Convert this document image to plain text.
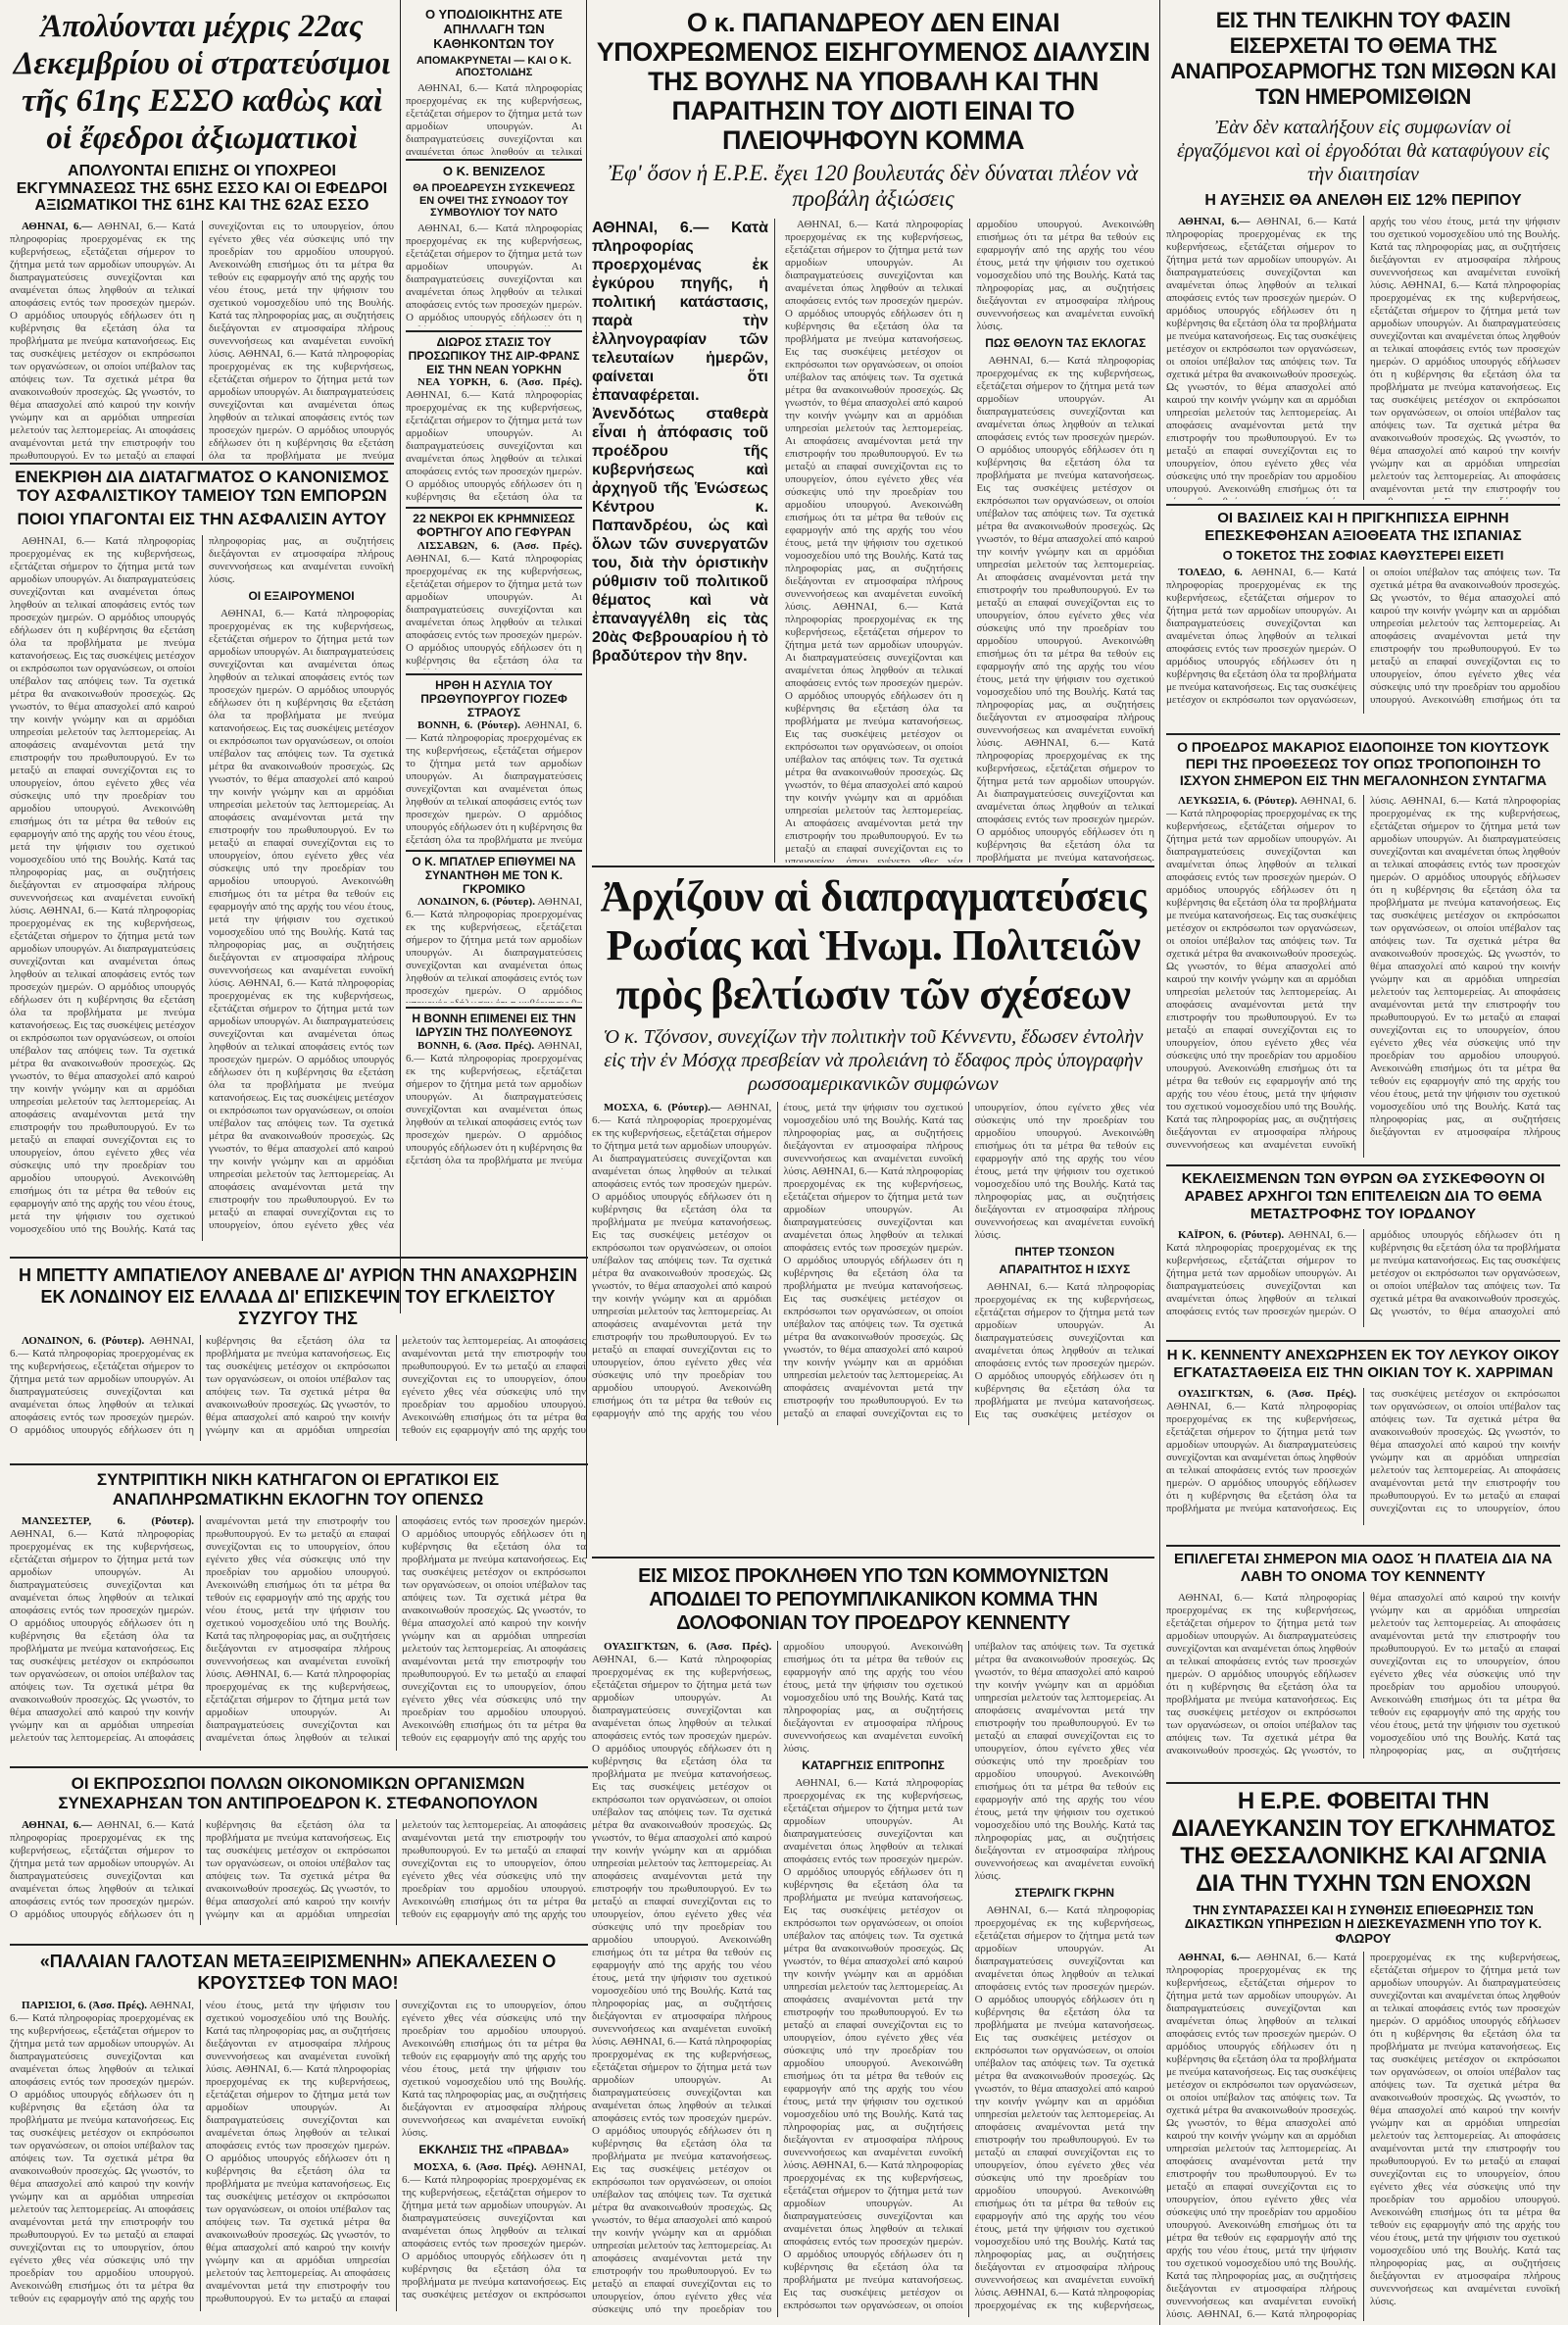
Ἀπολύονται μέχρις 22ας Δεκεμβρίου οἱ στρατεύσιμοι τῆς 61ης ΕΣΣΟ καθὼς καὶ οἱ ἔφεδροι ἀξιωματικοὶ
ΑΠΟΛΥΟΝΤΑΙ ΕΠΙΣΗΣ ΟΙ ΥΠΟΧΡΕΟΙ ΕΚΓΥΜΝΑΣΕΩΣ ΤΗΣ 65ΗΣ ΕΣΣΟ ΚΑΙ ΟΙ ΕΦΕΔΡΟΙ ΑΞΙΩΜΑΤΙΚΟΙ ΤΗΣ 61ΗΣ ΚΑΙ ΤΗΣ 62ΑΣ ΕΣΣΟ

ΑΘΗΝΑΙ, 6.— ΑΘΗΝΑΙ, 6.— Κατά πληροφορίας προερχομένας εκ της κυβερνήσεως, εξετάζεται σήμερον το ζήτημα μετά των αρμοδίων υπουργών. Αι διαπραγματεύσεις συνεχίζονται και αναμένεται όπως ληφθούν αι τελικαί αποφάσεις εντός των προσεχών ημερών. Ο αρμόδιος υπουργός εδήλωσεν ότι η κυβέρνησις θα εξετάση όλα τα προβλήματα με πνεύμα κατανοήσεως. Εις τας συσκέψεις μετέσχον οι εκπρόσωποι των οργανώσεων, οι οποίοι υπέβαλον τας απόψεις των. Τα σχετικά μέτρα θα ανακοινωθούν προσεχώς. Ως γνωστόν, το θέμα απασχολεί από καιρού την κοινήν γνώμην και αι αρμόδιαι υπηρεσίαι μελετούν τας λεπτομερείας. Αι αποφάσεις αναμένονται μετά την επιστροφήν του πρωθυπουργού. Εν τω μεταξύ αι επαφαί συνεχίζονται εις το υπουργείον, όπου εγένετο χθες νέα σύσκεψις υπό την προεδρίαν του αρμοδίου υπουργού. Ανεκοινώθη επισήμως ότι τα μέτρα θα τεθούν εις εφαρμογήν από της αρχής του νέου έτους, μετά την ψήφισιν του σχετικού νομοσχεδίου υπό της Βουλής. Κατά τας πληροφορίας μας, αι συζητήσεις διεξάγονται εν ατμοσφαίρα πλήρους συνεννοήσεως και αναμένεται ευνοϊκή λύσις. ΑΘΗΝΑΙ, 6.— Κατά πληροφορίας προερχομένας εκ της κυβερνήσεως, εξετάζεται σήμερον το ζήτημα μετά των αρμοδίων υπουργών. Αι διαπραγματεύσεις συνεχίζονται και αναμένεται όπως ληφθούν αι τελικαί αποφάσεις εντός των προσεχών ημερών. Ο αρμόδιος υπουργός εδήλωσεν ότι η κυβέρνησις θα εξετάση όλα τα προβλήματα με πνεύμα κατανοήσεως. Εις τας συσκέψεις μετέσχον οι εκπρόσωποι των οργανώσεων, οι οποίοι υπέβαλον τας απόψεις των. Τα σχετικά μέτρα θα ανακοινωθούν προσεχώς. Ως γνωστόν, το θέμα απασχολεί από καιρού την κοινήν γνώμην και αι αρμόδιαι υπηρεσίαι μελετούν τας λεπτομερείας. Αι αποφάσεις αναμένονται μετά την επιστροφήν του πρωθυπουργού. Εν τω μεταξύ αι επαφαί συνεχίζονται εις το υπουργείον, όπου εγένετο χθες νέα σύσκεψις υπό την προεδρίαν του αρμοδίου υπουργού. Ανεκοινώθη επισήμως ότι τα μέτρα θα τεθούν εις εφαρμογήν από της αρχής του νέου έτους, μετά την ψήφισιν του σχετικού νομοσχεδίου υπό της Βουλής. Κατά τας πληροφορίας μας, αι συζητήσεις διεξάγονται εν ατμοσφαίρα πλήρους συνεννοήσεως και αναμένεται ευνοϊκή λύσις.

ΕΝΕΚΡΙΘΗ ΔΙΑ ΔΙΑΤΑΓΜΑΤΟΣ Ο ΚΑΝΟΝΙΣΜΟΣ ΤΟΥ ΑΣΦΑΛΙΣΤΙΚΟΥ ΤΑΜΕΙΟΥ ΤΩΝ ΕΜΠΟΡΩΝ
ΠΟΙΟΙ ΥΠΑΓΟΝΤΑΙ ΕΙΣ ΤΗΝ ΑΣΦΑΛΙΣΙΝ ΑΥΤΟΥ

ΑΘΗΝΑΙ, 6.— Κατά πληροφορίας προερχομένας εκ της κυβερνήσεως, εξετάζεται σήμερον το ζήτημα μετά των αρμοδίων υπουργών. Αι διαπραγματεύσεις συνεχίζονται και αναμένεται όπως ληφθούν αι τελικαί αποφάσεις εντός των προσεχών ημερών. Ο αρμόδιος υπουργός εδήλωσεν ότι η κυβέρνησις θα εξετάση όλα τα προβλήματα με πνεύμα κατανοήσεως. Εις τας συσκέψεις μετέσχον οι εκπρόσωποι των οργανώσεων, οι οποίοι υπέβαλον τας απόψεις των. Τα σχετικά μέτρα θα ανακοινωθούν προσεχώς. Ως γνωστόν, το θέμα απασχολεί από καιρού την κοινήν γνώμην και αι αρμόδιαι υπηρεσίαι μελετούν τας λεπτομερείας. Αι αποφάσεις αναμένονται μετά την επιστροφήν του πρωθυπουργού. Εν τω μεταξύ αι επαφαί συνεχίζονται εις το υπουργείον, όπου εγένετο χθες νέα σύσκεψις υπό την προεδρίαν του αρμοδίου υπουργού. Ανεκοινώθη επισήμως ότι τα μέτρα θα τεθούν εις εφαρμογήν από της αρχής του νέου έτους, μετά την ψήφισιν του σχετικού νομοσχεδίου υπό της Βουλής. Κατά τας πληροφορίας μας, αι συζητήσεις διεξάγονται εν ατμοσφαίρα πλήρους συνεννοήσεως και αναμένεται ευνοϊκή λύσις. ΑΘΗΝΑΙ, 6.— Κατά πληροφορίας προερχομένας εκ της κυβερνήσεως, εξετάζεται σήμερον το ζήτημα μετά των αρμοδίων υπουργών. Αι διαπραγματεύσεις συνεχίζονται και αναμένεται όπως ληφθούν αι τελικαί αποφάσεις εντός των προσεχών ημερών. Ο αρμόδιος υπουργός εδήλωσεν ότι η κυβέρνησις θα εξετάση όλα τα προβλήματα με πνεύμα κατανοήσεως. Εις τας συσκέψεις μετέσχον οι εκπρόσωποι των οργανώσεων, οι οποίοι υπέβαλον τας απόψεις των. Τα σχετικά μέτρα θα ανακοινωθούν προσεχώς. Ως γνωστόν, το θέμα απασχολεί από καιρού την κοινήν γνώμην και αι αρμόδιαι υπηρεσίαι μελετούν τας λεπτομερείας. Αι αποφάσεις αναμένονται μετά την επιστροφήν του πρωθυπουργού. Εν τω μεταξύ αι επαφαί συνεχίζονται εις το υπουργείον, όπου εγένετο χθες νέα σύσκεψις υπό την προεδρίαν του αρμοδίου υπουργού. Ανεκοινώθη επισήμως ότι τα μέτρα θα τεθούν εις εφαρμογήν από της αρχής του νέου έτους, μετά την ψήφισιν του σχετικού νομοσχεδίου υπό της Βουλής. Κατά τας πληροφορίας μας, αι συζητήσεις διεξάγονται εν ατμοσφαίρα πλήρους συνεννοήσεως και αναμένεται ευνοϊκή λύσις.

ΟΙ ΕΞΑΙΡΟΥΜΕΝΟΙ

ΑΘΗΝΑΙ, 6.— Κατά πληροφορίας προερχομένας εκ της κυβερνήσεως, εξετάζεται σήμερον το ζήτημα μετά των αρμοδίων υπουργών. Αι διαπραγματεύσεις συνεχίζονται και αναμένεται όπως ληφθούν αι τελικαί αποφάσεις εντός των προσεχών ημερών. Ο αρμόδιος υπουργός εδήλωσεν ότι η κυβέρνησις θα εξετάση όλα τα προβλήματα με πνεύμα κατανοήσεως. Εις τας συσκέψεις μετέσχον οι εκπρόσωποι των οργανώσεων, οι οποίοι υπέβαλον τας απόψεις των. Τα σχετικά μέτρα θα ανακοινωθούν προσεχώς. Ως γνωστόν, το θέμα απασχολεί από καιρού την κοινήν γνώμην και αι αρμόδιαι υπηρεσίαι μελετούν τας λεπτομερείας. Αι αποφάσεις αναμένονται μετά την επιστροφήν του πρωθυπουργού. Εν τω μεταξύ αι επαφαί συνεχίζονται εις το υπουργείον, όπου εγένετο χθες νέα σύσκεψις υπό την προεδρίαν του αρμοδίου υπουργού. Ανεκοινώθη επισήμως ότι τα μέτρα θα τεθούν εις εφαρμογήν από της αρχής του νέου έτους, μετά την ψήφισιν του σχετικού νομοσχεδίου υπό της Βουλής. Κατά τας πληροφορίας μας, αι συζητήσεις διεξάγονται εν ατμοσφαίρα πλήρους συνεννοήσεως και αναμένεται ευνοϊκή λύσις. ΑΘΗΝΑΙ, 6.— Κατά πληροφορίας προερχομένας εκ της κυβερνήσεως, εξετάζεται σήμερον το ζήτημα μετά των αρμοδίων υπουργών. Αι διαπραγματεύσεις συνεχίζονται και αναμένεται όπως ληφθούν αι τελικαί αποφάσεις εντός των προσεχών ημερών. Ο αρμόδιος υπουργός εδήλωσεν ότι η κυβέρνησις θα εξετάση όλα τα προβλήματα με πνεύμα κατανοήσεως. Εις τας συσκέψεις μετέσχον οι εκπρόσωποι των οργανώσεων, οι οποίοι υπέβαλον τας απόψεις των. Τα σχετικά μέτρα θα ανακοινωθούν προσεχώς. Ως γνωστόν, το θέμα απασχολεί από καιρού την κοινήν γνώμην και αι αρμόδιαι υπηρεσίαι μελετούν τας λεπτομερείας. Αι αποφάσεις αναμένονται μετά την επιστροφήν του πρωθυπουργού. Εν τω μεταξύ αι επαφαί συνεχίζονται εις το υπουργείον, όπου εγένετο χθες νέα σύσκεψις υπό την προεδρίαν του αρμοδίου υπουργού. Ανεκοινώθη επισήμως ότι τα μέτρα θα τεθούν εις εφαρμογήν από της αρχής του νέου έτους, μετά την ψήφισιν του σχετικού νομοσχεδίου υπό της Βουλής. Κατά τας πληροφορίας μας, αι συζητήσεις διεξάγονται εν ατμοσφαίρα πλήρους συνεννοήσεως και αναμένεται ευνοϊκή λύσις.

Η ΜΠΕΤΤΥ ΑΜΠΑΤΙΕΛΟΥ ΑΝΕΒΑΛΕ ΔΙ' ΑΥΡΙΟΝ ΤΗΝ ΑΝΑΧΩΡΗΣΙΝ ΕΚ ΛΟΝΔΙΝΟΥ ΕΙΣ ΕΛΛΑΔΑ ΔΙ' ΕΠΙΣΚΕΨΙΝ ΤΟΥ ΕΓΚΛΕΙΣΤΟΥ ΣΥΖΥΓΟΥ ΤΗΣ

ΛΟΝΔΙΝΟΝ, 6. (Ρόυτερ). ΑΘΗΝΑΙ, 6.— Κατά πληροφορίας προερχομένας εκ της κυβερνήσεως, εξετάζεται σήμερον το ζήτημα μετά των αρμοδίων υπουργών. Αι διαπραγματεύσεις συνεχίζονται και αναμένεται όπως ληφθούν αι τελικαί αποφάσεις εντός των προσεχών ημερών. Ο αρμόδιος υπουργός εδήλωσεν ότι η κυβέρνησις θα εξετάση όλα τα προβλήματα με πνεύμα κατανοήσεως. Εις τας συσκέψεις μετέσχον οι εκπρόσωποι των οργανώσεων, οι οποίοι υπέβαλον τας απόψεις των. Τα σχετικά μέτρα θα ανακοινωθούν προσεχώς. Ως γνωστόν, το θέμα απασχολεί από καιρού την κοινήν γνώμην και αι αρμόδιαι υπηρεσίαι μελετούν τας λεπτομερείας. Αι αποφάσεις αναμένονται μετά την επιστροφήν του πρωθυπουργού. Εν τω μεταξύ αι επαφαί συνεχίζονται εις το υπουργείον, όπου εγένετο χθες νέα σύσκεψις υπό την προεδρίαν του αρμοδίου υπουργού. Ανεκοινώθη επισήμως ότι τα μέτρα θα τεθούν εις εφαρμογήν από της αρχής του νέου έτους, μετά την ψήφισιν του σχετικού νομοσχεδίου υπό της Βουλής. Κατά τας πληροφορίας μας, αι συζητήσεις διεξάγονται εν ατμοσφαίρα πλήρους συνεννοήσεως και αναμένεται ευνοϊκή λύσις. ΑΘΗΝΑΙ, 6.— Κατά πληροφορίας προερχομένας εκ της κυβερνήσεως, εξετάζεται σήμερον το ζήτημα μετά των αρμοδίων υπουργών. Αι διαπραγματεύσεις συνεχίζονται και αναμένεται όπως ληφθούν αι τελικαί αποφάσεις εντός των προσεχών ημερών. Ο αρμόδιος υπουργός εδήλωσεν ότι η κυβέρνησις θα εξετάση όλα τα προβλήματα με πνεύμα κατανοήσεως. Εις τας συσκέψεις μετέσχον οι εκπρόσωποι των οργανώσεων, οι οποίοι υπέβαλον τας απόψεις των. Τα σχετικά μέτρα θα ανακοινωθούν προσεχώς. Ως γνωστόν, το θέμα απασχολεί από καιρού την κοινήν γνώμην και αι αρμόδιαι υπηρεσίαι μελετούν τας λεπτομερείας. Αι αποφάσεις αναμένονται μετά την επιστροφήν του πρωθυπουργού. Εν τω μεταξύ αι επαφαί συνεχίζονται εις το υπουργείον, όπου εγένετο χθες νέα σύσκεψις υπό την προεδρίαν του αρμοδίου υπουργού. Ανεκοινώθη επισήμως ότι τα μέτρα θα τεθούν εις εφαρμογήν από της αρχής του νέου έτους, μετά την ψήφισιν του σχετικού νομοσχεδίου υπό της Βουλής. Κατά τας πληροφορίας μας, αι συζητήσεις διεξάγονται εν ατμοσφαίρα πλήρους συνεννοήσεως και αναμένεται ευνοϊκή λύσις.

ΣΥΝΤΡΙΠΤΙΚΗ ΝΙΚΗ ΚΑΤΗΓΑΓΟΝ ΟΙ ΕΡΓΑΤΙΚΟΙ ΕΙΣ ΑΝΑΠΛΗΡΩΜΑΤΙΚΗΝ ΕΚΛΟΓΗΝ ΤΟΥ ΟΠΕΝΣΩ

ΜΑΝΣΕΣΤΕΡ, 6. (Ρόυτερ). ΑΘΗΝΑΙ, 6.— Κατά πληροφορίας προερχομένας εκ της κυβερνήσεως, εξετάζεται σήμερον το ζήτημα μετά των αρμοδίων υπουργών. Αι διαπραγματεύσεις συνεχίζονται και αναμένεται όπως ληφθούν αι τελικαί αποφάσεις εντός των προσεχών ημερών. Ο αρμόδιος υπουργός εδήλωσεν ότι η κυβέρνησις θα εξετάση όλα τα προβλήματα με πνεύμα κατανοήσεως. Εις τας συσκέψεις μετέσχον οι εκπρόσωποι των οργανώσεων, οι οποίοι υπέβαλον τας απόψεις των. Τα σχετικά μέτρα θα ανακοινωθούν προσεχώς. Ως γνωστόν, το θέμα απασχολεί από καιρού την κοινήν γνώμην και αι αρμόδιαι υπηρεσίαι μελετούν τας λεπτομερείας. Αι αποφάσεις αναμένονται μετά την επιστροφήν του πρωθυπουργού. Εν τω μεταξύ αι επαφαί συνεχίζονται εις το υπουργείον, όπου εγένετο χθες νέα σύσκεψις υπό την προεδρίαν του αρμοδίου υπουργού. Ανεκοινώθη επισήμως ότι τα μέτρα θα τεθούν εις εφαρμογήν από της αρχής του νέου έτους, μετά την ψήφισιν του σχετικού νομοσχεδίου υπό της Βουλής. Κατά τας πληροφορίας μας, αι συζητήσεις διεξάγονται εν ατμοσφαίρα πλήρους συνεννοήσεως και αναμένεται ευνοϊκή λύσις. ΑΘΗΝΑΙ, 6.— Κατά πληροφορίας προερχομένας εκ της κυβερνήσεως, εξετάζεται σήμερον το ζήτημα μετά των αρμοδίων υπουργών. Αι διαπραγματεύσεις συνεχίζονται και αναμένεται όπως ληφθούν αι τελικαί αποφάσεις εντός των προσεχών ημερών. Ο αρμόδιος υπουργός εδήλωσεν ότι η κυβέρνησις θα εξετάση όλα τα προβλήματα με πνεύμα κατανοήσεως. Εις τας συσκέψεις μετέσχον οι εκπρόσωποι των οργανώσεων, οι οποίοι υπέβαλον τας απόψεις των. Τα σχετικά μέτρα θα ανακοινωθούν προσεχώς. Ως γνωστόν, το θέμα απασχολεί από καιρού την κοινήν γνώμην και αι αρμόδιαι υπηρεσίαι μελετούν τας λεπτομερείας. Αι αποφάσεις αναμένονται μετά την επιστροφήν του πρωθυπουργού. Εν τω μεταξύ αι επαφαί συνεχίζονται εις το υπουργείον, όπου εγένετο χθες νέα σύσκεψις υπό την προεδρίαν του αρμοδίου υπουργού. Ανεκοινώθη επισήμως ότι τα μέτρα θα τεθούν εις εφαρμογήν από της αρχής του νέου έτους, μετά την ψήφισιν του σχετικού νομοσχεδίου υπό της Βουλής. Κατά τας πληροφορίας μας, αι συζητήσεις διεξάγονται εν ατμοσφαίρα πλήρους συνεννοήσεως και αναμένεται ευνοϊκή λύσις.

ΟΙ ΕΚΠΡΟΣΩΠΟΙ ΠΟΛΛΩΝ ΟΙΚΟΝΟΜΙΚΩΝ ΟΡΓΑΝΙΣΜΩΝ ΣΥΝΕΧΑΡΗΣΑΝ ΤΟΝ ΑΝΤΙΠΡΟΕΔΡΟΝ Κ. ΣΤΕΦΑΝΟΠΟΥΛΟΝ

ΑΘΗΝΑΙ, 6.— ΑΘΗΝΑΙ, 6.— Κατά πληροφορίας προερχομένας εκ της κυβερνήσεως, εξετάζεται σήμερον το ζήτημα μετά των αρμοδίων υπουργών. Αι διαπραγματεύσεις συνεχίζονται και αναμένεται όπως ληφθούν αι τελικαί αποφάσεις εντός των προσεχών ημερών. Ο αρμόδιος υπουργός εδήλωσεν ότι η κυβέρνησις θα εξετάση όλα τα προβλήματα με πνεύμα κατανοήσεως. Εις τας συσκέψεις μετέσχον οι εκπρόσωποι των οργανώσεων, οι οποίοι υπέβαλον τας απόψεις των. Τα σχετικά μέτρα θα ανακοινωθούν προσεχώς. Ως γνωστόν, το θέμα απασχολεί από καιρού την κοινήν γνώμην και αι αρμόδιαι υπηρεσίαι μελετούν τας λεπτομερείας. Αι αποφάσεις αναμένονται μετά την επιστροφήν του πρωθυπουργού. Εν τω μεταξύ αι επαφαί συνεχίζονται εις το υπουργείον, όπου εγένετο χθες νέα σύσκεψις υπό την προεδρίαν του αρμοδίου υπουργού. Ανεκοινώθη επισήμως ότι τα μέτρα θα τεθούν εις εφαρμογήν από της αρχής του νέου έτους, μετά την ψήφισιν του σχετικού νομοσχεδίου υπό της Βουλής. Κατά τας πληροφορίας μας, αι συζητήσεις διεξάγονται εν ατμοσφαίρα πλήρους συνεννοήσεως και αναμένεται ευνοϊκή λύσις. ΑΘΗΝΑΙ, 6.— Κατά πληροφορίας προερχομένας εκ της κυβερνήσεως, εξετάζεται σήμερον το ζήτημα μετά των αρμοδίων υπουργών. Αι διαπραγματεύσεις συνεχίζονται και αναμένεται όπως ληφθούν αι τελικαί αποφάσεις εντός των προσεχών ημερών. Ο αρμόδιος υπουργός εδήλωσεν ότι η κυβέρνησις θα εξετάση όλα τα προβλήματα με πνεύμα κατανοήσεως. Εις τας συσκέψεις μετέσχον οι εκπρόσωποι των οργανώσεων, οι οποίοι υπέβαλον τας απόψεις των. Τα σχετικά μέτρα θα ανακοινωθούν προσεχώς. Ως γνωστόν, το θέμα απασχολεί από καιρού την κοινήν γνώμην και αι αρμόδιαι υπηρεσίαι μελετούν τας λεπτομερείας. Αι αποφάσεις αναμένονται μετά την επιστροφήν του πρωθυπουργού. Εν τω μεταξύ αι επαφαί συνεχίζονται εις το υπουργείον, όπου εγένετο χθες νέα σύσκεψις υπό την προεδρίαν του αρμοδίου υπουργού. Ανεκοινώθη επισήμως ότι τα μέτρα θα τεθούν εις εφαρμογήν από της αρχής του νέου έτους, μετά την ψήφισιν του σχετικού νομοσχεδίου υπό της Βουλής. Κατά τας πληροφορίας μας, αι συζητήσεις διεξάγονται εν ατμοσφαίρα πλήρους συνεννοήσεως και αναμένεται ευνοϊκή λύσις.

«ΠΑΛΑΙΑΝ ΓΑΛΟΤΣΑΝ ΜΕΤΑΞΕΙΡΙΣΜΕΝΗΝ» ΑΠΕΚΑΛΕΣΕΝ Ο ΚΡΟΥΣΤΣΕΦ ΤΟΝ ΜΑΟ!

ΠΑΡΙΣΙΟΙ, 6. (Ἀσσ. Πρές). ΑΘΗΝΑΙ, 6.— Κατά πληροφορίας προερχομένας εκ της κυβερνήσεως, εξετάζεται σήμερον το ζήτημα μετά των αρμοδίων υπουργών. Αι διαπραγματεύσεις συνεχίζονται και αναμένεται όπως ληφθούν αι τελικαί αποφάσεις εντός των προσεχών ημερών. Ο αρμόδιος υπουργός εδήλωσεν ότι η κυβέρνησις θα εξετάση όλα τα προβλήματα με πνεύμα κατανοήσεως. Εις τας συσκέψεις μετέσχον οι εκπρόσωποι των οργανώσεων, οι οποίοι υπέβαλον τας απόψεις των. Τα σχετικά μέτρα θα ανακοινωθούν προσεχώς. Ως γνωστόν, το θέμα απασχολεί από καιρού την κοινήν γνώμην και αι αρμόδιαι υπηρεσίαι μελετούν τας λεπτομερείας. Αι αποφάσεις αναμένονται μετά την επιστροφήν του πρωθυπουργού. Εν τω μεταξύ αι επαφαί συνεχίζονται εις το υπουργείον, όπου εγένετο χθες νέα σύσκεψις υπό την προεδρίαν του αρμοδίου υπουργού. Ανεκοινώθη επισήμως ότι τα μέτρα θα τεθούν εις εφαρμογήν από της αρχής του νέου έτους, μετά την ψήφισιν του σχετικού νομοσχεδίου υπό της Βουλής. Κατά τας πληροφορίας μας, αι συζητήσεις διεξάγονται εν ατμοσφαίρα πλήρους συνεννοήσεως και αναμένεται ευνοϊκή λύσις. ΑΘΗΝΑΙ, 6.— Κατά πληροφορίας προερχομένας εκ της κυβερνήσεως, εξετάζεται σήμερον το ζήτημα μετά των αρμοδίων υπουργών. Αι διαπραγματεύσεις συνεχίζονται και αναμένεται όπως ληφθούν αι τελικαί αποφάσεις εντός των προσεχών ημερών. Ο αρμόδιος υπουργός εδήλωσεν ότι η κυβέρνησις θα εξετάση όλα τα προβλήματα με πνεύμα κατανοήσεως. Εις τας συσκέψεις μετέσχον οι εκπρόσωποι των οργανώσεων, οι οποίοι υπέβαλον τας απόψεις των. Τα σχετικά μέτρα θα ανακοινωθούν προσεχώς. Ως γνωστόν, το θέμα απασχολεί από καιρού την κοινήν γνώμην και αι αρμόδιαι υπηρεσίαι μελετούν τας λεπτομερείας. Αι αποφάσεις αναμένονται μετά την επιστροφήν του πρωθυπουργού. Εν τω μεταξύ αι επαφαί συνεχίζονται εις το υπουργείον, όπου εγένετο χθες νέα σύσκεψις υπό την προεδρίαν του αρμοδίου υπουργού. Ανεκοινώθη επισήμως ότι τα μέτρα θα τεθούν εις εφαρμογήν από της αρχής του νέου έτους, μετά την ψήφισιν του σχετικού νομοσχεδίου υπό της Βουλής. Κατά τας πληροφορίας μας, αι συζητήσεις διεξάγονται εν ατμοσφαίρα πλήρους συνεννοήσεως και αναμένεται ευνοϊκή λύσις.

ΕΚΚΛΗΣΙΣ ΤΗΣ «ΠΡΑΒΔΑ»

ΜΟΣΧΑ, 6. (Ἀσσ. Πρές). ΑΘΗΝΑΙ, 6.— Κατά πληροφορίας προερχομένας εκ της κυβερνήσεως, εξετάζεται σήμερον το ζήτημα μετά των αρμοδίων υπουργών. Αι διαπραγματεύσεις συνεχίζονται και αναμένεται όπως ληφθούν αι τελικαί αποφάσεις εντός των προσεχών ημερών. Ο αρμόδιος υπουργός εδήλωσεν ότι η κυβέρνησις θα εξετάση όλα τα προβλήματα με πνεύμα κατανοήσεως. Εις τας συσκέψεις μετέσχον οι εκπρόσωποι των οργανώσεων, οι οποίοι υπέβαλον τας απόψεις των. Τα σχετικά μέτρα θα ανακοινωθούν προσεχώς. Ως γνωστόν, το θέμα απασχολεί από καιρού την κοινήν γνώμην και αι αρμόδιαι υπηρεσίαι μελετούν τας λεπτομερείας. Αι αποφάσεις αναμένονται μετά την επιστροφήν του πρωθυπουργού. Εν τω μεταξύ αι επαφαί συνεχίζονται εις το υπουργείον, όπου εγένετο χθες νέα σύσκεψις υπό την προεδρίαν του αρμοδίου υπουργού. Ανεκοινώθη επισήμως ότι τα μέτρα θα τεθούν εις εφαρμογήν από της αρχής του νέου έτους, μετά την ψήφισιν του σχετικού νομοσχεδίου υπό της Βουλής. Κατά τας πληροφορίας μας, αι συζητήσεις διεξάγονται εν ατμοσφαίρα πλήρους συνεννοήσεως και αναμένεται ευνοϊκή λύσις. ΑΘΗΝΑΙ, 6.— Κατά πληροφορίας προερχομένας εκ της κυβερνήσεως, εξετάζεται σήμερον το ζήτημα μετά των αρμοδίων υπουργών. Αι διαπραγματεύσεις συνεχίζονται και αναμένεται όπως ληφθούν αι τελικαί αποφάσεις εντός των προσεχών ημερών. Ο αρμόδιος υπουργός εδήλωσεν ότι η κυβέρνησις θα εξετάση όλα τα προβλήματα με πνεύμα κατανοήσεως. Εις τας συσκέψεις μετέσχον οι εκπρόσωποι των οργανώσεων, οι οποίοι υπέβαλον τας απόψεις των. Τα σχετικά μέτρα θα ανακοινωθούν προσεχώς. Ως γνωστόν, το θέμα απασχολεί από καιρού την κοινήν γνώμην και αι αρμόδιαι υπηρεσίαι μελετούν τας λεπτομερείας. Αι αποφάσεις αναμένονται μετά την επιστροφήν του πρωθυπουργού. Εν τω μεταξύ αι επαφαί συνεχίζονται εις το υπουργείον, όπου εγένετο χθες νέα σύσκεψις υπό την προεδρίαν του αρμοδίου υπουργού. Ανεκοινώθη επισήμως ότι τα μέτρα θα τεθούν εις εφαρμογήν από της αρχής του νέου έτους, μετά την ψήφισιν του σχετικού νομοσχεδίου υπό της Βουλής. Κατά τας πληροφορίας μας, αι συζητήσεις διεξάγονται εν ατμοσφαίρα πλήρους συνεννοήσεως και αναμένεται ευνοϊκή λύσις.

Ο ΥΠΟΔΙΟΙΚΗΤΗΣ ΑΤΕ ΑΠΗΛΛΑΓΗ ΤΩΝ ΚΑΘΗΚΟΝΤΩΝ ΤΟΥ
ΑΠΟΜΑΚΡΥΝΕΤΑΙ — ΚΑΙ Ο Κ. ΑΠΟΣΤΟΛΙΔΗΣ

ΑΘΗΝΑΙ, 6.— Κατά πληροφορίας προερχομένας εκ της κυβερνήσεως, εξετάζεται σήμερον το ζήτημα μετά των αρμοδίων υπουργών. Αι διαπραγματεύσεις συνεχίζονται και αναμένεται όπως ληφθούν αι τελικαί αποφάσεις εντός των προσεχών ημερών. Ο αρμόδιος υπουργός εδήλωσεν ότι η κυβέρνησις θα εξετάση όλα τα προβλήματα με πνεύμα κατανοήσεως. Εις τας συσκέψεις μετέσχον οι εκπρόσωποι των οργανώσεων, οι οποίοι υπέβαλον τας απόψεις των. Τα σχετικά μέτρα θα ανακοινωθούν προσεχώς. Ως γνωστόν, το θέμα απασχολεί από καιρού την κοινήν γνώμην και αι αρμόδιαι υπηρεσίαι μελετούν τας λεπτομερείας. Αι αποφάσεις αναμένονται μετά την επιστροφήν του πρωθυπουργού. Εν τω μεταξύ αι επαφαί συνεχίζονται εις το υπουργείον, όπου εγένετο χθες νέα σύσκεψις υπό την προεδρίαν του αρμοδίου υπουργού. Ανεκοινώθη επισήμως ότι τα μέτρα θα τεθούν εις εφαρμογήν από της αρχής του νέου έτους, μετά την ψήφισιν του σχετικού νομοσχεδίου υπό της Βουλής. Κατά τας πληροφορίας μας, αι συζητήσεις διεξάγονται εν ατμοσφαίρα πλήρους συνεννοήσεως και αναμένεται ευνοϊκή λύσις. ΑΘΗΝΑΙ, 6.— Κατά πληροφορίας προερχομένας εκ της κυβερνήσεως, εξετάζεται σήμερον το ζήτημα μετά των αρμοδίων υπουργών. Αι διαπραγματεύσεις συνεχίζονται και αναμένεται όπως ληφθούν αι τελικαί αποφάσεις εντός των προσεχών ημερών. Ο αρμόδιος υπουργός εδήλωσεν ότι η κυβέρνησις θα εξετάση όλα τα προβλήματα με πνεύμα κατανοήσεως. Εις τας συσκέψεις μετέσχον οι εκπρόσωποι των οργανώσεων, οι οποίοι υπέβαλον τας απόψεις των. Τα σχετικά μέτρα θα ανακοινωθούν προσεχώς. Ως γνωστόν, το θέμα απασχολεί από καιρού την κοινήν γνώμην και αι αρμόδιαι υπηρεσίαι μελετούν τας λεπτομερείας. Αι αποφάσεις αναμένονται μετά την επιστροφήν του πρωθυπουργού. Εν τω μεταξύ αι επαφαί συνεχίζονται εις το υπουργείον, όπου εγένετο χθες νέα σύσκεψις υπό την προεδρίαν του αρμοδίου υπουργού. Ανεκοινώθη επισήμως ότι τα μέτρα θα τεθούν εις εφαρμογήν από της αρχής του νέου έτους, μετά την ψήφισιν του σχετικού νομοσχεδίου υπό της Βουλής. Κατά τας πληροφορίας μας, αι συζητήσεις διεξάγονται εν ατμοσφαίρα πλήρους συνεννοήσεως και αναμένεται ευνοϊκή λύσις.

Ο Κ. ΒΕΝΙΖΕΛΟΣ
ΘΑ ΠΡΟΕΔΡΕΥΣΗ ΣΥΣΚΕΨΕΩΣ ΕΝ ΟΨΕΙ ΤΗΣ ΣΥΝΟΔΟΥ ΤΟΥ ΣΥΜΒΟΥΛΙΟΥ ΤΟΥ ΝΑΤΟ

ΑΘΗΝΑΙ, 6.— Κατά πληροφορίας προερχομένας εκ της κυβερνήσεως, εξετάζεται σήμερον το ζήτημα μετά των αρμοδίων υπουργών. Αι διαπραγματεύσεις συνεχίζονται και αναμένεται όπως ληφθούν αι τελικαί αποφάσεις εντός των προσεχών ημερών. Ο αρμόδιος υπουργός εδήλωσεν ότι η κυβέρνησις θα εξετάση όλα τα προβλήματα με πνεύμα κατανοήσεως. Εις τας συσκέψεις μετέσχον οι εκπρόσωποι των οργανώσεων, οι οποίοι υπέβαλον τας απόψεις των. Τα σχετικά μέτρα θα ανακοινωθούν προσεχώς. Ως γνωστόν, το θέμα απασχολεί από καιρού την κοινήν γνώμην και αι αρμόδιαι υπηρεσίαι μελετούν τας λεπτομερείας. Αι αποφάσεις αναμένονται μετά την επιστροφήν του πρωθυπουργού. Εν τω μεταξύ αι επαφαί συνεχίζονται εις το υπουργείον, όπου εγένετο χθες νέα σύσκεψις υπό την προεδρίαν του αρμοδίου υπουργού. Ανεκοινώθη επισήμως ότι τα μέτρα θα τεθούν εις εφαρμογήν από της αρχής του νέου έτους, μετά την ψήφισιν του σχετικού νομοσχεδίου υπό της Βουλής. Κατά τας πληροφορίας μας, αι συζητήσεις διεξάγονται εν ατμοσφαίρα πλήρους συνεννοήσεως και αναμένεται ευνοϊκή λύσις. ΑΘΗΝΑΙ, 6.— Κατά πληροφορίας προερχομένας εκ της κυβερνήσεως, εξετάζεται σήμερον το ζήτημα μετά των αρμοδίων υπουργών. Αι διαπραγματεύσεις συνεχίζονται και αναμένεται όπως ληφθούν αι τελικαί αποφάσεις εντός των προσεχών ημερών. Ο αρμόδιος υπουργός εδήλωσεν ότι η κυβέρνησις θα εξετάση όλα τα προβλήματα με πνεύμα κατανοήσεως. Εις τας συσκέψεις μετέσχον οι εκπρόσωποι των οργανώσεων, οι οποίοι υπέβαλον τας απόψεις των. Τα σχετικά μέτρα θα ανακοινωθούν προσεχώς. Ως γνωστόν, το θέμα απασχολεί από καιρού την κοινήν γνώμην και αι αρμόδιαι υπηρεσίαι μελετούν τας λεπτομερείας. Αι αποφάσεις αναμένονται μετά την επιστροφήν του πρωθυπουργού. Εν τω μεταξύ αι επαφαί συνεχίζονται εις το υπουργείον, όπου εγένετο χθες νέα σύσκεψις υπό την προεδρίαν του αρμοδίου υπουργού. Ανεκοινώθη επισήμως ότι τα μέτρα θα τεθούν εις εφαρμογήν από της αρχής του νέου έτους, μετά την ψήφισιν του σχετικού νομοσχεδίου υπό της Βουλής. Κατά τας πληροφορίας μας, αι συζητήσεις διεξάγονται εν ατμοσφαίρα πλήρους συνεννοήσεως και αναμένεται ευνοϊκή λύσις.

ΔΙΩΡΟΣ ΣΤΑΣΙΣ ΤΟΥ ΠΡΟΣΩΠΙΚΟΥ ΤΗΣ ΑΙΡ-ΦΡΑΝΣ ΕΙΣ ΤΗΝ ΝΕΑΝ ΥΟΡΚΗΝ

ΝΕΑ ΥΟΡΚΗ, 6. (Ἀσσ. Πρές). ΑΘΗΝΑΙ, 6.— Κατά πληροφορίας προερχομένας εκ της κυβερνήσεως, εξετάζεται σήμερον το ζήτημα μετά των αρμοδίων υπουργών. Αι διαπραγματεύσεις συνεχίζονται και αναμένεται όπως ληφθούν αι τελικαί αποφάσεις εντός των προσεχών ημερών. Ο αρμόδιος υπουργός εδήλωσεν ότι η κυβέρνησις θα εξετάση όλα τα προβλήματα με πνεύμα κατανοήσεως. Εις τας συσκέψεις μετέσχον οι εκπρόσωποι των οργανώσεων, οι οποίοι υπέβαλον τας απόψεις των. Τα σχετικά μέτρα θα ανακοινωθούν προσεχώς. Ως γνωστόν, το θέμα απασχολεί από καιρού την κοινήν γνώμην και αι αρμόδιαι υπηρεσίαι μελετούν τας λεπτομερείας. Αι αποφάσεις αναμένονται μετά την επιστροφήν του πρωθυπουργού. Εν τω μεταξύ αι επαφαί συνεχίζονται εις το υπουργείον, όπου εγένετο χθες νέα σύσκεψις υπό την προεδρίαν του αρμοδίου υπουργού. Ανεκοινώθη επισήμως ότι τα μέτρα θα τεθούν εις εφαρμογήν από της αρχής του νέου έτους, μετά την ψήφισιν του σχετικού νομοσχεδίου υπό της Βουλής. Κατά τας πληροφορίας μας, αι συζητήσεις διεξάγονται εν ατμοσφαίρα πλήρους συνεννοήσεως και αναμένεται ευνοϊκή λύσις. ΑΘΗΝΑΙ, 6.— Κατά πληροφορίας προερχομένας εκ της κυβερνήσεως, εξετάζεται σήμερον το ζήτημα μετά των αρμοδίων υπουργών. Αι διαπραγματεύσεις συνεχίζονται και αναμένεται όπως ληφθούν αι τελικαί αποφάσεις εντός των προσεχών ημερών. Ο αρμόδιος υπουργός εδήλωσεν ότι η κυβέρνησις θα εξετάση όλα τα προβλήματα με πνεύμα κατανοήσεως. Εις τας συσκέψεις μετέσχον οι εκπρόσωποι των οργανώσεων, οι οποίοι υπέβαλον τας απόψεις των. Τα σχετικά μέτρα θα ανακοινωθούν προσεχώς. Ως γνωστόν, το θέμα απασχολεί από καιρού την κοινήν γνώμην και αι αρμόδιαι υπηρεσίαι μελετούν τας λεπτομερείας. Αι αποφάσεις αναμένονται μετά την επιστροφήν του πρωθυπουργού. Εν τω μεταξύ αι επαφαί συνεχίζονται εις το υπουργείον, όπου εγένετο χθες νέα σύσκεψις υπό την προεδρίαν του αρμοδίου υπουργού. Ανεκοινώθη επισήμως ότι τα μέτρα θα τεθούν εις εφαρμογήν από της αρχής του νέου έτους, μετά την ψήφισιν του σχετικού νομοσχεδίου υπό της Βουλής. Κατά τας πληροφορίας μας, αι συζητήσεις διεξάγονται εν ατμοσφαίρα πλήρους συνεννοήσεως και αναμένεται ευνοϊκή λύσις.

22 ΝΕΚΡΟΙ ΕΚ ΚΡΗΜΝΙΣΕΩΣ ΦΟΡΤΗΓΟΥ ΑΠΟ ΓΕΦΥΡΑΝ

ΛΙΣΣΑΒΩΝ, 6. (Ἀσσ. Πρές). ΑΘΗΝΑΙ, 6.— Κατά πληροφορίας προερχομένας εκ της κυβερνήσεως, εξετάζεται σήμερον το ζήτημα μετά των αρμοδίων υπουργών. Αι διαπραγματεύσεις συνεχίζονται και αναμένεται όπως ληφθούν αι τελικαί αποφάσεις εντός των προσεχών ημερών. Ο αρμόδιος υπουργός εδήλωσεν ότι η κυβέρνησις θα εξετάση όλα τα προβλήματα με πνεύμα κατανοήσεως. Εις τας συσκέψεις μετέσχον οι εκπρόσωποι των οργανώσεων, οι οποίοι υπέβαλον τας απόψεις των. Τα σχετικά μέτρα θα ανακοινωθούν προσεχώς. Ως γνωστόν, το θέμα απασχολεί από καιρού την κοινήν γνώμην και αι αρμόδιαι υπηρεσίαι μελετούν τας λεπτομερείας. Αι αποφάσεις αναμένονται μετά την επιστροφήν του πρωθυπουργού. Εν τω μεταξύ αι επαφαί συνεχίζονται εις το υπουργείον, όπου εγένετο χθες νέα σύσκεψις υπό την προεδρίαν του αρμοδίου υπουργού. Ανεκοινώθη επισήμως ότι τα μέτρα θα τεθούν εις εφαρμογήν από της αρχής του νέου έτους, μετά την ψήφισιν του σχετικού νομοσχεδίου υπό της Βουλής. Κατά τας πληροφορίας μας, αι συζητήσεις διεξάγονται εν ατμοσφαίρα πλήρους συνεννοήσεως και αναμένεται ευνοϊκή λύσις. ΑΘΗΝΑΙ, 6.— Κατά πληροφορίας προερχομένας εκ της κυβερνήσεως, εξετάζεται σήμερον το ζήτημα μετά των αρμοδίων υπουργών. Αι διαπραγματεύσεις συνεχίζονται και αναμένεται όπως ληφθούν αι τελικαί αποφάσεις εντός των προσεχών ημερών. Ο αρμόδιος υπουργός εδήλωσεν ότι η κυβέρνησις θα εξετάση όλα τα προβλήματα με πνεύμα κατανοήσεως. Εις τας συσκέψεις μετέσχον οι εκπρόσωποι των οργανώσεων, οι οποίοι υπέβαλον τας απόψεις των. Τα σχετικά μέτρα θα ανακοινωθούν προσεχώς. Ως γνωστόν, το θέμα απασχολεί από καιρού την κοινήν γνώμην και αι αρμόδιαι υπηρεσίαι μελετούν τας λεπτομερείας. Αι αποφάσεις αναμένονται μετά την επιστροφήν του πρωθυπουργού. Εν τω μεταξύ αι επαφαί συνεχίζονται εις το υπουργείον, όπου εγένετο χθες νέα σύσκεψις υπό την προεδρίαν του αρμοδίου υπουργού. Ανεκοινώθη επισήμως ότι τα μέτρα θα τεθούν εις εφαρμογήν από της αρχής του νέου έτους, μετά την ψήφισιν του σχετικού νομοσχεδίου υπό της Βουλής. Κατά τας πληροφορίας μας, αι συζητήσεις διεξάγονται εν ατμοσφαίρα πλήρους συνεννοήσεως και αναμένεται ευνοϊκή λύσις.

ΗΡΘΗ Η ΑΣΥΛΙΑ ΤΟΥ ΠΡΩΘΥΠΟΥΡΓΟΥ ΓΙΟΖΕΦ ΣΤΡΑΟΥΣ

ΒΟΝΝΗ, 6. (Ρόυτερ). ΑΘΗΝΑΙ, 6.— Κατά πληροφορίας προερχομένας εκ της κυβερνήσεως, εξετάζεται σήμερον το ζήτημα μετά των αρμοδίων υπουργών. Αι διαπραγματεύσεις συνεχίζονται και αναμένεται όπως ληφθούν αι τελικαί αποφάσεις εντός των προσεχών ημερών. Ο αρμόδιος υπουργός εδήλωσεν ότι η κυβέρνησις θα εξετάση όλα τα προβλήματα με πνεύμα κατανοήσεως. Εις τας συσκέψεις μετέσχον οι εκπρόσωποι των οργανώσεων, οι οποίοι υπέβαλον τας απόψεις των. Τα σχετικά μέτρα θα ανακοινωθούν προσεχώς. Ως γνωστόν, το θέμα απασχολεί από καιρού την κοινήν γνώμην και αι αρμόδιαι υπηρεσίαι μελετούν τας λεπτομερείας. Αι αποφάσεις αναμένονται μετά την επιστροφήν του πρωθυπουργού. Εν τω μεταξύ αι επαφαί συνεχίζονται εις το υπουργείον, όπου εγένετο χθες νέα σύσκεψις υπό την προεδρίαν του αρμοδίου υπουργού. Ανεκοινώθη επισήμως ότι τα μέτρα θα τεθούν εις εφαρμογήν από της αρχής του νέου έτους, μετά την ψήφισιν του σχετικού νομοσχεδίου υπό της Βουλής. Κατά τας πληροφορίας μας, αι συζητήσεις διεξάγονται εν ατμοσφαίρα πλήρους συνεννοήσεως και αναμένεται ευνοϊκή λύσις. ΑΘΗΝΑΙ, 6.— Κατά πληροφορίας προερχομένας εκ της κυβερνήσεως, εξετάζεται σήμερον το ζήτημα μετά των αρμοδίων υπουργών. Αι διαπραγματεύσεις συνεχίζονται και αναμένεται όπως ληφθούν αι τελικαί αποφάσεις εντός των προσεχών ημερών. Ο αρμόδιος υπουργός εδήλωσεν ότι η κυβέρνησις θα εξετάση όλα τα προβλήματα με πνεύμα κατανοήσεως. Εις τας συσκέψεις μετέσχον οι εκπρόσωποι των οργανώσεων, οι οποίοι υπέβαλον τας απόψεις των. Τα σχετικά μέτρα θα ανακοινωθούν προσεχώς. Ως γνωστόν, το θέμα απασχολεί από καιρού την κοινήν γνώμην και αι αρμόδιαι υπηρεσίαι μελετούν τας λεπτομερείας. Αι αποφάσεις αναμένονται μετά την επιστροφήν του πρωθυπουργού. Εν τω μεταξύ αι επαφαί συνεχίζονται εις το υπουργείον, όπου εγένετο χθες νέα σύσκεψις υπό την προεδρίαν του αρμοδίου υπουργού. Ανεκοινώθη επισήμως ότι τα μέτρα θα τεθούν εις εφαρμογήν από της αρχής του νέου έτους, μετά την ψήφισιν του σχετικού νομοσχεδίου υπό της Βουλής. Κατά τας πληροφορίας μας, αι συζητήσεις διεξάγονται εν ατμοσφαίρα πλήρους συνεννοήσεως και αναμένεται ευνοϊκή λύσις.

Ο Κ. ΜΠΑΤΛΕΡ ΕΠΙΘΥΜΕΙ ΝΑ ΣΥΝΑΝΤΗΘΗ ΜΕ ΤΟΝ Κ. ΓΚΡΟΜΙΚΟ

ΛΟΝΔΙΝΟΝ, 6. (Ρόυτερ). ΑΘΗΝΑΙ, 6.— Κατά πληροφορίας προερχομένας εκ της κυβερνήσεως, εξετάζεται σήμερον το ζήτημα μετά των αρμοδίων υπουργών. Αι διαπραγματεύσεις συνεχίζονται και αναμένεται όπως ληφθούν αι τελικαί αποφάσεις εντός των προσεχών ημερών. Ο αρμόδιος υπουργός εδήλωσεν ότι η κυβέρνησις θα εξετάση όλα τα προβλήματα με πνεύμα κατανοήσεως. Εις τας συσκέψεις μετέσχον οι εκπρόσωποι των οργανώσεων, οι οποίοι υπέβαλον τας απόψεις των. Τα σχετικά μέτρα θα ανακοινωθούν προσεχώς. Ως γνωστόν, το θέμα απασχολεί από καιρού την κοινήν γνώμην και αι αρμόδιαι υπηρεσίαι μελετούν τας λεπτομερείας. Αι αποφάσεις αναμένονται μετά την επιστροφήν του πρωθυπουργού. Εν τω μεταξύ αι επαφαί συνεχίζονται εις το υπουργείον, όπου εγένετο χθες νέα σύσκεψις υπό την προεδρίαν του αρμοδίου υπουργού. Ανεκοινώθη επισήμως ότι τα μέτρα θα τεθούν εις εφαρμογήν από της αρχής του νέου έτους, μετά την ψήφισιν του σχετικού νομοσχεδίου υπό της Βουλής. Κατά τας πληροφορίας μας, αι συζητήσεις διεξάγονται εν ατμοσφαίρα πλήρους συνεννοήσεως και αναμένεται ευνοϊκή λύσις. ΑΘΗΝΑΙ, 6.— Κατά πληροφορίας προερχομένας εκ της κυβερνήσεως, εξετάζεται σήμερον το ζήτημα μετά των αρμοδίων υπουργών. Αι διαπραγματεύσεις συνεχίζονται και αναμένεται όπως ληφθούν αι τελικαί αποφάσεις εντός των προσεχών ημερών. Ο αρμόδιος υπουργός εδήλωσεν ότι η κυβέρνησις θα εξετάση όλα τα προβλήματα με πνεύμα κατανοήσεως. Εις τας συσκέψεις μετέσχον οι εκπρόσωποι των οργανώσεων, οι οποίοι υπέβαλον τας απόψεις των. Τα σχετικά μέτρα θα ανακοινωθούν προσεχώς. Ως γνωστόν, το θέμα απασχολεί από καιρού την κοινήν γνώμην και αι αρμόδιαι υπηρεσίαι μελετούν τας λεπτομερείας. Αι αποφάσεις αναμένονται μετά την επιστροφήν του πρωθυπουργού. Εν τω μεταξύ αι επαφαί συνεχίζονται εις το υπουργείον, όπου εγένετο χθες νέα σύσκεψις υπό την προεδρίαν του αρμοδίου υπουργού. Ανεκοινώθη επισήμως ότι τα μέτρα θα τεθούν εις εφαρμογήν από της αρχής του νέου έτους, μετά την ψήφισιν του σχετικού νομοσχεδίου υπό της Βουλής. Κατά τας πληροφορίας μας, αι συζητήσεις διεξάγονται εν ατμοσφαίρα πλήρους συνεννοήσεως και αναμένεται ευνοϊκή λύσις.

Η ΒΟΝΝΗ ΕΠΙΜΕΝΕΙ ΕΙΣ ΤΗΝ ΙΔΡΥΣΙΝ ΤΗΣ ΠΟΛΥΕΘΝΟΥΣ

ΒΟΝΝΗ, 6. (Ἀσσ. Πρές). ΑΘΗΝΑΙ, 6.— Κατά πληροφορίας προερχομένας εκ της κυβερνήσεως, εξετάζεται σήμερον το ζήτημα μετά των αρμοδίων υπουργών. Αι διαπραγματεύσεις συνεχίζονται και αναμένεται όπως ληφθούν αι τελικαί αποφάσεις εντός των προσεχών ημερών. Ο αρμόδιος υπουργός εδήλωσεν ότι η κυβέρνησις θα εξετάση όλα τα προβλήματα με πνεύμα κατανοήσεως. Εις τας συσκέψεις μετέσχον οι εκπρόσωποι των οργανώσεων, οι οποίοι υπέβαλον τας απόψεις των. Τα σχετικά μέτρα θα ανακοινωθούν προσεχώς. Ως γνωστόν, το θέμα απασχολεί από καιρού την κοινήν γνώμην και αι αρμόδιαι υπηρεσίαι μελετούν τας λεπτομερείας. Αι αποφάσεις αναμένονται μετά την επιστροφήν του πρωθυπουργού. Εν τω μεταξύ αι επαφαί συνεχίζονται εις το υπουργείον, όπου εγένετο χθες νέα σύσκεψις υπό την προεδρίαν του αρμοδίου υπουργού. Ανεκοινώθη επισήμως ότι τα μέτρα θα τεθούν εις εφαρμογήν από της αρχής του νέου έτους, μετά την ψήφισιν του σχετικού νομοσχεδίου υπό της Βουλής. Κατά τας πληροφορίας μας, αι συζητήσεις διεξάγονται εν ατμοσφαίρα πλήρους συνεννοήσεως και αναμένεται ευνοϊκή λύσις. ΑΘΗΝΑΙ, 6.— Κατά πληροφορίας προερχομένας εκ της κυβερνήσεως, εξετάζεται σήμερον το ζήτημα μετά των αρμοδίων υπουργών. Αι διαπραγματεύσεις συνεχίζονται και αναμένεται όπως ληφθούν αι τελικαί αποφάσεις εντός των προσεχών ημερών. Ο αρμόδιος υπουργός εδήλωσεν ότι η κυβέρνησις θα εξετάση όλα τα προβλήματα με πνεύμα κατανοήσεως. Εις τας συσκέψεις μετέσχον οι εκπρόσωποι των οργανώσεων, οι οποίοι υπέβαλον τας απόψεις των. Τα σχετικά μέτρα θα ανακοινωθούν προσεχώς. Ως γνωστόν, το θέμα απασχολεί από καιρού την κοινήν γνώμην και αι αρμόδιαι υπηρεσίαι μελετούν τας λεπτομερείας. Αι αποφάσεις αναμένονται μετά την επιστροφήν του πρωθυπουργού. Εν τω μεταξύ αι επαφαί συνεχίζονται εις το υπουργείον, όπου εγένετο χθες νέα σύσκεψις υπό την προεδρίαν του αρμοδίου υπουργού. Ανεκοινώθη επισήμως ότι τα μέτρα θα τεθούν εις εφαρμογήν από της αρχής του νέου έτους, μετά την ψήφισιν του σχετικού νομοσχεδίου υπό της Βουλής. Κατά τας πληροφορίας μας, αι συζητήσεις διεξάγονται εν ατμοσφαίρα πλήρους συνεννοήσεως και αναμένεται ευνοϊκή λύσις.

Ο κ. ΠΑΠΑΝΔΡΕΟΥ ΔΕΝ ΕΙΝΑΙ ΥΠΟΧΡΕΩΜΕΝΟΣ ΕΙΣΗΓΟΥΜΕΝΟΣ ΔΙΑΛΥΣΙΝ ΤΗΣ ΒΟΥΛΗΣ ΝΑ ΥΠΟΒΑΛΗ ΚΑΙ ΤΗΝ ΠΑΡΑΙΤΗΣΙΝ ΤΟΥ ΔΙΟΤΙ ΕΙΝΑΙ ΤΟ ΠΛΕΙΟΨΗΦΟΥΝ ΚΟΜΜΑ
Ἐφ' ὅσον ἡ Ε.Ρ.Ε. ἔχει 120 βουλευτάς δὲν δύναται πλέον νὰ προβάλη ἀξιώσεις
ΑΘΗΝΑΙ, 6.— Κατὰ πληροφορίας προερχομένας ἐκ ἐγκύρου πηγῆς, ἡ πολιτική κατάστασις, παρὰ τὴν ἐλληνογραφίαν τῶν τελευταίων ἡμερῶν, φαίνεται ὅτι ἐπαναφέρεται. Ἀνενδότως σταθερὰ εἶναι ἡ ἀπόφασις τοῦ προέδρου τῆς κυβερνήσεως καὶ ἀρχηγοῦ τῆς Ἑνώσεως Κέντρου κ. Παπανδρέου, ὡς καὶ ὅλων τῶν συνεργατῶν του, διὰ τὴν ὁριστικὴν ρύθμισιν τοῦ πολιτικοῦ θέματος καὶ νὰ ἐπαναγγέλθη εἰς τὰς 20ὰς Φεβρουαρίου ἡ τὸ βραδύτερον τὴν 8ην.

ΑΘΗΝΑΙ, 6.— Κατά πληροφορίας προερχομένας εκ της κυβερνήσεως, εξετάζεται σήμερον το ζήτημα μετά των αρμοδίων υπουργών. Αι διαπραγματεύσεις συνεχίζονται και αναμένεται όπως ληφθούν αι τελικαί αποφάσεις εντός των προσεχών ημερών. Ο αρμόδιος υπουργός εδήλωσεν ότι η κυβέρνησις θα εξετάση όλα τα προβλήματα με πνεύμα κατανοήσεως. Εις τας συσκέψεις μετέσχον οι εκπρόσωποι των οργανώσεων, οι οποίοι υπέβαλον τας απόψεις των. Τα σχετικά μέτρα θα ανακοινωθούν προσεχώς. Ως γνωστόν, το θέμα απασχολεί από καιρού την κοινήν γνώμην και αι αρμόδιαι υπηρεσίαι μελετούν τας λεπτομερείας. Αι αποφάσεις αναμένονται μετά την επιστροφήν του πρωθυπουργού. Εν τω μεταξύ αι επαφαί συνεχίζονται εις το υπουργείον, όπου εγένετο χθες νέα σύσκεψις υπό την προεδρίαν του αρμοδίου υπουργού. Ανεκοινώθη επισήμως ότι τα μέτρα θα τεθούν εις εφαρμογήν από της αρχής του νέου έτους, μετά την ψήφισιν του σχετικού νομοσχεδίου υπό της Βουλής. Κατά τας πληροφορίας μας, αι συζητήσεις διεξάγονται εν ατμοσφαίρα πλήρους συνεννοήσεως και αναμένεται ευνοϊκή λύσις. ΑΘΗΝΑΙ, 6.— Κατά πληροφορίας προερχομένας εκ της κυβερνήσεως, εξετάζεται σήμερον το ζήτημα μετά των αρμοδίων υπουργών. Αι διαπραγματεύσεις συνεχίζονται και αναμένεται όπως ληφθούν αι τελικαί αποφάσεις εντός των προσεχών ημερών. Ο αρμόδιος υπουργός εδήλωσεν ότι η κυβέρνησις θα εξετάση όλα τα προβλήματα με πνεύμα κατανοήσεως. Εις τας συσκέψεις μετέσχον οι εκπρόσωποι των οργανώσεων, οι οποίοι υπέβαλον τας απόψεις των. Τα σχετικά μέτρα θα ανακοινωθούν προσεχώς. Ως γνωστόν, το θέμα απασχολεί από καιρού την κοινήν γνώμην και αι αρμόδιαι υπηρεσίαι μελετούν τας λεπτομερείας. Αι αποφάσεις αναμένονται μετά την επιστροφήν του πρωθυπουργού. Εν τω μεταξύ αι επαφαί συνεχίζονται εις το υπουργείον, όπου εγένετο χθες νέα σύσκεψις υπό την προεδρίαν του αρμοδίου υπουργού. Ανεκοινώθη επισήμως ότι τα μέτρα θα τεθούν εις εφαρμογήν από της αρχής του νέου έτους, μετά την ψήφισιν του σχετικού νομοσχεδίου υπό της Βουλής. Κατά τας πληροφορίας μας, αι συζητήσεις διεξάγονται εν ατμοσφαίρα πλήρους συνεννοήσεως και αναμένεται ευνοϊκή λύσις.

ΠΩΣ ΘΕΛΟΥΝ ΤΑΣ ΕΚΛΟΓΑΣ

ΑΘΗΝΑΙ, 6.— Κατά πληροφορίας προερχομένας εκ της κυβερνήσεως, εξετάζεται σήμερον το ζήτημα μετά των αρμοδίων υπουργών. Αι διαπραγματεύσεις συνεχίζονται και αναμένεται όπως ληφθούν αι τελικαί αποφάσεις εντός των προσεχών ημερών. Ο αρμόδιος υπουργός εδήλωσεν ότι η κυβέρνησις θα εξετάση όλα τα προβλήματα με πνεύμα κατανοήσεως. Εις τας συσκέψεις μετέσχον οι εκπρόσωποι των οργανώσεων, οι οποίοι υπέβαλον τας απόψεις των. Τα σχετικά μέτρα θα ανακοινωθούν προσεχώς. Ως γνωστόν, το θέμα απασχολεί από καιρού την κοινήν γνώμην και αι αρμόδιαι υπηρεσίαι μελετούν τας λεπτομερείας. Αι αποφάσεις αναμένονται μετά την επιστροφήν του πρωθυπουργού. Εν τω μεταξύ αι επαφαί συνεχίζονται εις το υπουργείον, όπου εγένετο χθες νέα σύσκεψις υπό την προεδρίαν του αρμοδίου υπουργού. Ανεκοινώθη επισήμως ότι τα μέτρα θα τεθούν εις εφαρμογήν από της αρχής του νέου έτους, μετά την ψήφισιν του σχετικού νομοσχεδίου υπό της Βουλής. Κατά τας πληροφορίας μας, αι συζητήσεις διεξάγονται εν ατμοσφαίρα πλήρους συνεννοήσεως και αναμένεται ευνοϊκή λύσις. ΑΘΗΝΑΙ, 6.— Κατά πληροφορίας προερχομένας εκ της κυβερνήσεως, εξετάζεται σήμερον το ζήτημα μετά των αρμοδίων υπουργών. Αι διαπραγματεύσεις συνεχίζονται και αναμένεται όπως ληφθούν αι τελικαί αποφάσεις εντός των προσεχών ημερών. Ο αρμόδιος υπουργός εδήλωσεν ότι η κυβέρνησις θα εξετάση όλα τα προβλήματα με πνεύμα κατανοήσεως. Εις τας συσκέψεις μετέσχον οι εκπρόσωποι των οργανώσεων, οι οποίοι υπέβαλον τας απόψεις των. Τα σχετικά μέτρα θα ανακοινωθούν προσεχώς. Ως γνωστόν, το θέμα απασχολεί από καιρού την κοινήν γνώμην και αι αρμόδιαι υπηρεσίαι μελετούν τας λεπτομερείας. Αι αποφάσεις αναμένονται μετά την επιστροφήν του πρωθυπουργού. Εν τω μεταξύ αι επαφαί συνεχίζονται εις το υπουργείον, όπου εγένετο χθες νέα σύσκεψις υπό την προεδρίαν του αρμοδίου υπουργού. Ανεκοινώθη επισήμως ότι τα μέτρα θα τεθούν εις εφαρμογήν από της αρχής του νέου έτους, μετά την ψήφισιν του σχετικού νομοσχεδίου υπό της Βουλής. Κατά τας πληροφορίας μας, αι συζητήσεις διεξάγονται εν ατμοσφαίρα πλήρους συνεννοήσεως και αναμένεται ευνοϊκή λύσις.

Ἀρχίζουν αἱ διαπραγματεύσεις Ρωσίας καὶ Ἡνωμ. Πολιτειῶν πρὸς βελτίωσιν τῶν σχέσεων
Ὁ κ. Τζόνσον, συνεχίζων τὴν πολιτικὴν τοῦ Κέννεντυ, ἔδωσεν ἐντολὴν εἰς τὴν ἐν Μόσχᾳ πρεσβείαν νὰ προλειάνη τὸ ἔδαφος πρὸς ὑπογραφὴν ρωσσοαμερικανικῶν συμφώνων

ΜΟΣΧΑ, 6. (Ρόυτερ).— ΑΘΗΝΑΙ, 6.— Κατά πληροφορίας προερχομένας εκ της κυβερνήσεως, εξετάζεται σήμερον το ζήτημα μετά των αρμοδίων υπουργών. Αι διαπραγματεύσεις συνεχίζονται και αναμένεται όπως ληφθούν αι τελικαί αποφάσεις εντός των προσεχών ημερών. Ο αρμόδιος υπουργός εδήλωσεν ότι η κυβέρνησις θα εξετάση όλα τα προβλήματα με πνεύμα κατανοήσεως. Εις τας συσκέψεις μετέσχον οι εκπρόσωποι των οργανώσεων, οι οποίοι υπέβαλον τας απόψεις των. Τα σχετικά μέτρα θα ανακοινωθούν προσεχώς. Ως γνωστόν, το θέμα απασχολεί από καιρού την κοινήν γνώμην και αι αρμόδιαι υπηρεσίαι μελετούν τας λεπτομερείας. Αι αποφάσεις αναμένονται μετά την επιστροφήν του πρωθυπουργού. Εν τω μεταξύ αι επαφαί συνεχίζονται εις το υπουργείον, όπου εγένετο χθες νέα σύσκεψις υπό την προεδρίαν του αρμοδίου υπουργού. Ανεκοινώθη επισήμως ότι τα μέτρα θα τεθούν εις εφαρμογήν από της αρχής του νέου έτους, μετά την ψήφισιν του σχετικού νομοσχεδίου υπό της Βουλής. Κατά τας πληροφορίας μας, αι συζητήσεις διεξάγονται εν ατμοσφαίρα πλήρους συνεννοήσεως και αναμένεται ευνοϊκή λύσις. ΑΘΗΝΑΙ, 6.— Κατά πληροφορίας προερχομένας εκ της κυβερνήσεως, εξετάζεται σήμερον το ζήτημα μετά των αρμοδίων υπουργών. Αι διαπραγματεύσεις συνεχίζονται και αναμένεται όπως ληφθούν αι τελικαί αποφάσεις εντός των προσεχών ημερών. Ο αρμόδιος υπουργός εδήλωσεν ότι η κυβέρνησις θα εξετάση όλα τα προβλήματα με πνεύμα κατανοήσεως. Εις τας συσκέψεις μετέσχον οι εκπρόσωποι των οργανώσεων, οι οποίοι υπέβαλον τας απόψεις των. Τα σχετικά μέτρα θα ανακοινωθούν προσεχώς. Ως γνωστόν, το θέμα απασχολεί από καιρού την κοινήν γνώμην και αι αρμόδιαι υπηρεσίαι μελετούν τας λεπτομερείας. Αι αποφάσεις αναμένονται μετά την επιστροφήν του πρωθυπουργού. Εν τω μεταξύ αι επαφαί συνεχίζονται εις το υπουργείον, όπου εγένετο χθες νέα σύσκεψις υπό την προεδρίαν του αρμοδίου υπουργού. Ανεκοινώθη επισήμως ότι τα μέτρα θα τεθούν εις εφαρμογήν από της αρχής του νέου έτους, μετά την ψήφισιν του σχετικού νομοσχεδίου υπό της Βουλής. Κατά τας πληροφορίας μας, αι συζητήσεις διεξάγονται εν ατμοσφαίρα πλήρους συνεννοήσεως και αναμένεται ευνοϊκή λύσις.

ΠΗΤΕΡ ΤΣΟΝΣΟΝ
ΑΠΑΡΑΙΤΗΤΟΣ Η ΙΣΧΥΣ

ΑΘΗΝΑΙ, 6.— Κατά πληροφορίας προερχομένας εκ της κυβερνήσεως, εξετάζεται σήμερον το ζήτημα μετά των αρμοδίων υπουργών. Αι διαπραγματεύσεις συνεχίζονται και αναμένεται όπως ληφθούν αι τελικαί αποφάσεις εντός των προσεχών ημερών. Ο αρμόδιος υπουργός εδήλωσεν ότι η κυβέρνησις θα εξετάση όλα τα προβλήματα με πνεύμα κατανοήσεως. Εις τας συσκέψεις μετέσχον οι εκπρόσωποι των οργανώσεων, οι οποίοι υπέβαλον τας απόψεις των. Τα σχετικά μέτρα θα ανακοινωθούν προσεχώς. Ως γνωστόν, το θέμα απασχολεί από καιρού την κοινήν γνώμην και αι αρμόδιαι υπηρεσίαι μελετούν τας λεπτομερείας. Αι αποφάσεις αναμένονται μετά την επιστροφήν του πρωθυπουργού. Εν τω μεταξύ αι επαφαί συνεχίζονται εις το υπουργείον, όπου εγένετο χθες νέα σύσκεψις υπό την προεδρίαν του αρμοδίου υπουργού. Ανεκοινώθη επισήμως ότι τα μέτρα θα τεθούν εις εφαρμογήν από της αρχής του νέου έτους, μετά την ψήφισιν του σχετικού νομοσχεδίου υπό της Βουλής. Κατά τας πληροφορίας μας, αι συζητήσεις διεξάγονται εν ατμοσφαίρα πλήρους συνεννοήσεως και αναμένεται ευνοϊκή λύσις. ΑΘΗΝΑΙ, 6.— Κατά πληροφορίας προερχομένας εκ της κυβερνήσεως, εξετάζεται σήμερον το ζήτημα μετά των αρμοδίων υπουργών. Αι διαπραγματεύσεις συνεχίζονται και αναμένεται όπως ληφθούν αι τελικαί αποφάσεις εντός των προσεχών ημερών. Ο αρμόδιος υπουργός εδήλωσεν ότι η κυβέρνησις θα εξετάση όλα τα προβλήματα με πνεύμα κατανοήσεως. Εις τας συσκέψεις μετέσχον οι εκπρόσωποι των οργανώσεων, οι οποίοι υπέβαλον τας απόψεις των. Τα σχετικά μέτρα θα ανακοινωθούν προσεχώς. Ως γνωστόν, το θέμα απασχολεί από καιρού την κοινήν γνώμην και αι αρμόδιαι υπηρεσίαι μελετούν τας λεπτομερείας. Αι αποφάσεις αναμένονται μετά την επιστροφήν του πρωθυπουργού. Εν τω μεταξύ αι επαφαί συνεχίζονται εις το υπουργείον, όπου εγένετο χθες νέα σύσκεψις υπό την προεδρίαν του αρμοδίου υπουργού. Ανεκοινώθη επισήμως ότι τα μέτρα θα τεθούν εις εφαρμογήν από της αρχής του νέου έτους, μετά την ψήφισιν του σχετικού νομοσχεδίου υπό της Βουλής. Κατά τας πληροφορίας μας, αι συζητήσεις διεξάγονται εν ατμοσφαίρα πλήρους συνεννοήσεως και αναμένεται ευνοϊκή λύσις.

ΕΙΣ ΜΙΣΟΣ ΠΡΟΚΛΗΘΕΝ ΥΠΟ ΤΩΝ ΚΟΜΜΟΥΝΙΣΤΩΝ ΑΠΟΔΙΔΕΙ ΤΟ ΡΕΠΟΥΜΠΛΙΚΑΝΙΚΟΝ ΚΟΜΜΑ ΤΗΝ ΔΟΛΟΦΟΝΙΑΝ ΤΟΥ ΠΡΟΕΔΡΟΥ ΚΕΝΝΕΝΤΥ

ΟΥΑΣΙΓΚΤΩΝ, 6. (Ἀσσ. Πρές). ΑΘΗΝΑΙ, 6.— Κατά πληροφορίας προερχομένας εκ της κυβερνήσεως, εξετάζεται σήμερον το ζήτημα μετά των αρμοδίων υπουργών. Αι διαπραγματεύσεις συνεχίζονται και αναμένεται όπως ληφθούν αι τελικαί αποφάσεις εντός των προσεχών ημερών. Ο αρμόδιος υπουργός εδήλωσεν ότι η κυβέρνησις θα εξετάση όλα τα προβλήματα με πνεύμα κατανοήσεως. Εις τας συσκέψεις μετέσχον οι εκπρόσωποι των οργανώσεων, οι οποίοι υπέβαλον τας απόψεις των. Τα σχετικά μέτρα θα ανακοινωθούν προσεχώς. Ως γνωστόν, το θέμα απασχολεί από καιρού την κοινήν γνώμην και αι αρμόδιαι υπηρεσίαι μελετούν τας λεπτομερείας. Αι αποφάσεις αναμένονται μετά την επιστροφήν του πρωθυπουργού. Εν τω μεταξύ αι επαφαί συνεχίζονται εις το υπουργείον, όπου εγένετο χθες νέα σύσκεψις υπό την προεδρίαν του αρμοδίου υπουργού. Ανεκοινώθη επισήμως ότι τα μέτρα θα τεθούν εις εφαρμογήν από της αρχής του νέου έτους, μετά την ψήφισιν του σχετικού νομοσχεδίου υπό της Βουλής. Κατά τας πληροφορίας μας, αι συζητήσεις διεξάγονται εν ατμοσφαίρα πλήρους συνεννοήσεως και αναμένεται ευνοϊκή λύσις. ΑΘΗΝΑΙ, 6.— Κατά πληροφορίας προερχομένας εκ της κυβερνήσεως, εξετάζεται σήμερον το ζήτημα μετά των αρμοδίων υπουργών. Αι διαπραγματεύσεις συνεχίζονται και αναμένεται όπως ληφθούν αι τελικαί αποφάσεις εντός των προσεχών ημερών. Ο αρμόδιος υπουργός εδήλωσεν ότι η κυβέρνησις θα εξετάση όλα τα προβλήματα με πνεύμα κατανοήσεως. Εις τας συσκέψεις μετέσχον οι εκπρόσωποι των οργανώσεων, οι οποίοι υπέβαλον τας απόψεις των. Τα σχετικά μέτρα θα ανακοινωθούν προσεχώς. Ως γνωστόν, το θέμα απασχολεί από καιρού την κοινήν γνώμην και αι αρμόδιαι υπηρεσίαι μελετούν τας λεπτομερείας. Αι αποφάσεις αναμένονται μετά την επιστροφήν του πρωθυπουργού. Εν τω μεταξύ αι επαφαί συνεχίζονται εις το υπουργείον, όπου εγένετο χθες νέα σύσκεψις υπό την προεδρίαν του αρμοδίου υπουργού. Ανεκοινώθη επισήμως ότι τα μέτρα θα τεθούν εις εφαρμογήν από της αρχής του νέου έτους, μετά την ψήφισιν του σχετικού νομοσχεδίου υπό της Βουλής. Κατά τας πληροφορίας μας, αι συζητήσεις διεξάγονται εν ατμοσφαίρα πλήρους συνεννοήσεως και αναμένεται ευνοϊκή λύσις.

ΚΑΤΑΡΓΗΣΙΣ ΕΠΙΤΡΟΠΗΣ

ΑΘΗΝΑΙ, 6.— Κατά πληροφορίας προερχομένας εκ της κυβερνήσεως, εξετάζεται σήμερον το ζήτημα μετά των αρμοδίων υπουργών. Αι διαπραγματεύσεις συνεχίζονται και αναμένεται όπως ληφθούν αι τελικαί αποφάσεις εντός των προσεχών ημερών. Ο αρμόδιος υπουργός εδήλωσεν ότι η κυβέρνησις θα εξετάση όλα τα προβλήματα με πνεύμα κατανοήσεως. Εις τας συσκέψεις μετέσχον οι εκπρόσωποι των οργανώσεων, οι οποίοι υπέβαλον τας απόψεις των. Τα σχετικά μέτρα θα ανακοινωθούν προσεχώς. Ως γνωστόν, το θέμα απασχολεί από καιρού την κοινήν γνώμην και αι αρμόδιαι υπηρεσίαι μελετούν τας λεπτομερείας. Αι αποφάσεις αναμένονται μετά την επιστροφήν του πρωθυπουργού. Εν τω μεταξύ αι επαφαί συνεχίζονται εις το υπουργείον, όπου εγένετο χθες νέα σύσκεψις υπό την προεδρίαν του αρμοδίου υπουργού. Ανεκοινώθη επισήμως ότι τα μέτρα θα τεθούν εις εφαρμογήν από της αρχής του νέου έτους, μετά την ψήφισιν του σχετικού νομοσχεδίου υπό της Βουλής. Κατά τας πληροφορίας μας, αι συζητήσεις διεξάγονται εν ατμοσφαίρα πλήρους συνεννοήσεως και αναμένεται ευνοϊκή λύσις. ΑΘΗΝΑΙ, 6.— Κατά πληροφορίας προερχομένας εκ της κυβερνήσεως, εξετάζεται σήμερον το ζήτημα μετά των αρμοδίων υπουργών. Αι διαπραγματεύσεις συνεχίζονται και αναμένεται όπως ληφθούν αι τελικαί αποφάσεις εντός των προσεχών ημερών. Ο αρμόδιος υπουργός εδήλωσεν ότι η κυβέρνησις θα εξετάση όλα τα προβλήματα με πνεύμα κατανοήσεως. Εις τας συσκέψεις μετέσχον οι εκπρόσωποι των οργανώσεων, οι οποίοι υπέβαλον τας απόψεις των. Τα σχετικά μέτρα θα ανακοινωθούν προσεχώς. Ως γνωστόν, το θέμα απασχολεί από καιρού την κοινήν γνώμην και αι αρμόδιαι υπηρεσίαι μελετούν τας λεπτομερείας. Αι αποφάσεις αναμένονται μετά την επιστροφήν του πρωθυπουργού. Εν τω μεταξύ αι επαφαί συνεχίζονται εις το υπουργείον, όπου εγένετο χθες νέα σύσκεψις υπό την προεδρίαν του αρμοδίου υπουργού. Ανεκοινώθη επισήμως ότι τα μέτρα θα τεθούν εις εφαρμογήν από της αρχής του νέου έτους, μετά την ψήφισιν του σχετικού νομοσχεδίου υπό της Βουλής. Κατά τας πληροφορίας μας, αι συζητήσεις διεξάγονται εν ατμοσφαίρα πλήρους συνεννοήσεως και αναμένεται ευνοϊκή λύσις.

ΣΤΕΡΛΙΓΚ ΓΚΡΗΝ

ΑΘΗΝΑΙ, 6.— Κατά πληροφορίας προερχομένας εκ της κυβερνήσεως, εξετάζεται σήμερον το ζήτημα μετά των αρμοδίων υπουργών. Αι διαπραγματεύσεις συνεχίζονται και αναμένεται όπως ληφθούν αι τελικαί αποφάσεις εντός των προσεχών ημερών. Ο αρμόδιος υπουργός εδήλωσεν ότι η κυβέρνησις θα εξετάση όλα τα προβλήματα με πνεύμα κατανοήσεως. Εις τας συσκέψεις μετέσχον οι εκπρόσωποι των οργανώσεων, οι οποίοι υπέβαλον τας απόψεις των. Τα σχετικά μέτρα θα ανακοινωθούν προσεχώς. Ως γνωστόν, το θέμα απασχολεί από καιρού την κοινήν γνώμην και αι αρμόδιαι υπηρεσίαι μελετούν τας λεπτομερείας. Αι αποφάσεις αναμένονται μετά την επιστροφήν του πρωθυπουργού. Εν τω μεταξύ αι επαφαί συνεχίζονται εις το υπουργείον, όπου εγένετο χθες νέα σύσκεψις υπό την προεδρίαν του αρμοδίου υπουργού. Ανεκοινώθη επισήμως ότι τα μέτρα θα τεθούν εις εφαρμογήν από της αρχής του νέου έτους, μετά την ψήφισιν του σχετικού νομοσχεδίου υπό της Βουλής. Κατά τας πληροφορίας μας, αι συζητήσεις διεξάγονται εν ατμοσφαίρα πλήρους συνεννοήσεως και αναμένεται ευνοϊκή λύσις. ΑΘΗΝΑΙ, 6.— Κατά πληροφορίας προερχομένας εκ της κυβερνήσεως, εξετάζεται σήμερον το ζήτημα μετά των αρμοδίων υπουργών. Αι διαπραγματεύσεις συνεχίζονται και αναμένεται όπως ληφθούν αι τελικαί αποφάσεις εντός των προσεχών ημερών. Ο αρμόδιος υπουργός εδήλωσεν ότι η κυβέρνησις θα εξετάση όλα τα προβλήματα με πνεύμα κατανοήσεως. Εις τας συσκέψεις μετέσχον οι εκπρόσωποι των οργανώσεων, οι οποίοι υπέβαλον τας απόψεις των. Τα σχετικά μέτρα θα ανακοινωθούν προσεχώς. Ως γνωστόν, το θέμα απασχολεί από καιρού την κοινήν γνώμην και αι αρμόδιαι υπηρεσίαι μελετούν τας λεπτομερείας. Αι αποφάσεις αναμένονται μετά την επιστροφήν του πρωθυπουργού. Εν τω μεταξύ αι επαφαί συνεχίζονται εις το υπουργείον, όπου εγένετο χθες νέα σύσκεψις υπό την προεδρίαν του αρμοδίου υπουργού. Ανεκοινώθη επισήμως ότι τα μέτρα θα τεθούν εις εφαρμογήν από της αρχής του νέου έτους, μετά την ψήφισιν του σχετικού νομοσχεδίου υπό της Βουλής. Κατά τας πληροφορίας μας, αι συζητήσεις διεξάγονται εν ατμοσφαίρα πλήρους συνεννοήσεως και αναμένεται ευνοϊκή λύσις.

ΕΙΣ ΤΗΝ ΤΕΛΙΚΗΝ ΤΟΥ ΦΑΣΙΝ ΕΙΣΕΡΧΕΤΑΙ ΤΟ ΘΕΜΑ ΤΗΣ ΑΝΑΠΡΟΣΑΡΜΟΓΗΣ ΤΩΝ ΜΙΣΘΩΝ ΚΑΙ ΤΩΝ ΗΜΕΡΟΜΙΣΘΙΩΝ
Ἐὰν δὲν καταλήξουν εἰς συμφωνίαν οἱ ἐργαζόμενοι καὶ οἱ ἐργοδόται θὰ καταφύγουν εἰς τὴν διαιτησίαν
Η ΑΥΞΗΣΙΣ ΘΑ ΑΝΕΛΘΗ ΕΙΣ 12% ΠΕΡΙΠΟΥ

ΑΘΗΝΑΙ, 6.— ΑΘΗΝΑΙ, 6.— Κατά πληροφορίας προερχομένας εκ της κυβερνήσεως, εξετάζεται σήμερον το ζήτημα μετά των αρμοδίων υπουργών. Αι διαπραγματεύσεις συνεχίζονται και αναμένεται όπως ληφθούν αι τελικαί αποφάσεις εντός των προσεχών ημερών. Ο αρμόδιος υπουργός εδήλωσεν ότι η κυβέρνησις θα εξετάση όλα τα προβλήματα με πνεύμα κατανοήσεως. Εις τας συσκέψεις μετέσχον οι εκπρόσωποι των οργανώσεων, οι οποίοι υπέβαλον τας απόψεις των. Τα σχετικά μέτρα θα ανακοινωθούν προσεχώς. Ως γνωστόν, το θέμα απασχολεί από καιρού την κοινήν γνώμην και αι αρμόδιαι υπηρεσίαι μελετούν τας λεπτομερείας. Αι αποφάσεις αναμένονται μετά την επιστροφήν του πρωθυπουργού. Εν τω μεταξύ αι επαφαί συνεχίζονται εις το υπουργείον, όπου εγένετο χθες νέα σύσκεψις υπό την προεδρίαν του αρμοδίου υπουργού. Ανεκοινώθη επισήμως ότι τα μέτρα θα τεθούν εις εφαρμογήν από της αρχής του νέου έτους, μετά την ψήφισιν του σχετικού νομοσχεδίου υπό της Βουλής. Κατά τας πληροφορίας μας, αι συζητήσεις διεξάγονται εν ατμοσφαίρα πλήρους συνεννοήσεως και αναμένεται ευνοϊκή λύσις. ΑΘΗΝΑΙ, 6.— Κατά πληροφορίας προερχομένας εκ της κυβερνήσεως, εξετάζεται σήμερον το ζήτημα μετά των αρμοδίων υπουργών. Αι διαπραγματεύσεις συνεχίζονται και αναμένεται όπως ληφθούν αι τελικαί αποφάσεις εντός των προσεχών ημερών. Ο αρμόδιος υπουργός εδήλωσεν ότι η κυβέρνησις θα εξετάση όλα τα προβλήματα με πνεύμα κατανοήσεως. Εις τας συσκέψεις μετέσχον οι εκπρόσωποι των οργανώσεων, οι οποίοι υπέβαλον τας απόψεις των. Τα σχετικά μέτρα θα ανακοινωθούν προσεχώς. Ως γνωστόν, το θέμα απασχολεί από καιρού την κοινήν γνώμην και αι αρμόδιαι υπηρεσίαι μελετούν τας λεπτομερείας. Αι αποφάσεις αναμένονται μετά την επιστροφήν του πρωθυπουργού. Εν τω μεταξύ αι επαφαί συνεχίζονται εις το υπουργείον, όπου εγένετο χθες νέα σύσκεψις υπό την προεδρίαν του αρμοδίου υπουργού. Ανεκοινώθη επισήμως ότι τα μέτρα θα τεθούν εις εφαρμογήν από της αρχής του νέου έτους, μετά την ψήφισιν του σχετικού νομοσχεδίου υπό της Βουλής. Κατά τας πληροφορίας μας, αι συζητήσεις διεξάγονται εν ατμοσφαίρα πλήρους συνεννοήσεως και αναμένεται ευνοϊκή λύσις.

ΟΙ ΒΑΣΙΛΕΙΣ ΚΑΙ Η ΠΡΙΓΚΗΠΙΣΣΑ ΕΙΡΗΝΗ ΕΠΕΣΚΕΦΘΗΣΑΝ ΑΞΙΟΘΕΑΤΑ ΤΗΣ ΙΣΠΑΝΙΑΣ
Ο ΤΟΚΕΤΟΣ ΤΗΣ ΣΟΦΙΑΣ ΚΑΘΥΣΤΕΡΕΙ ΕΙΣΕΤΙ

ΤΟΛΕΔΟ, 6. ΑΘΗΝΑΙ, 6.— Κατά πληροφορίας προερχομένας εκ της κυβερνήσεως, εξετάζεται σήμερον το ζήτημα μετά των αρμοδίων υπουργών. Αι διαπραγματεύσεις συνεχίζονται και αναμένεται όπως ληφθούν αι τελικαί αποφάσεις εντός των προσεχών ημερών. Ο αρμόδιος υπουργός εδήλωσεν ότι η κυβέρνησις θα εξετάση όλα τα προβλήματα με πνεύμα κατανοήσεως. Εις τας συσκέψεις μετέσχον οι εκπρόσωποι των οργανώσεων, οι οποίοι υπέβαλον τας απόψεις των. Τα σχετικά μέτρα θα ανακοινωθούν προσεχώς. Ως γνωστόν, το θέμα απασχολεί από καιρού την κοινήν γνώμην και αι αρμόδιαι υπηρεσίαι μελετούν τας λεπτομερείας. Αι αποφάσεις αναμένονται μετά την επιστροφήν του πρωθυπουργού. Εν τω μεταξύ αι επαφαί συνεχίζονται εις το υπουργείον, όπου εγένετο χθες νέα σύσκεψις υπό την προεδρίαν του αρμοδίου υπουργού. Ανεκοινώθη επισήμως ότι τα μέτρα θα τεθούν εις εφαρμογήν από της αρχής του νέου έτους, μετά την ψήφισιν του σχετικού νομοσχεδίου υπό της Βουλής. Κατά τας πληροφορίας μας, αι συζητήσεις διεξάγονται εν ατμοσφαίρα πλήρους συνεννοήσεως και αναμένεται ευνοϊκή λύσις. ΑΘΗΝΑΙ, 6.— Κατά πληροφορίας προερχομένας εκ της κυβερνήσεως, εξετάζεται σήμερον το ζήτημα μετά των αρμοδίων υπουργών. Αι διαπραγματεύσεις συνεχίζονται και αναμένεται όπως ληφθούν αι τελικαί αποφάσεις εντός των προσεχών ημερών. Ο αρμόδιος υπουργός εδήλωσεν ότι η κυβέρνησις θα εξετάση όλα τα προβλήματα με πνεύμα κατανοήσεως. Εις τας συσκέψεις μετέσχον οι εκπρόσωποι των οργανώσεων, οι οποίοι υπέβαλον τας απόψεις των. Τα σχετικά μέτρα θα ανακοινωθούν προσεχώς. Ως γνωστόν, το θέμα απασχολεί από καιρού την κοινήν γνώμην και αι αρμόδιαι υπηρεσίαι μελετούν τας λεπτομερείας. Αι αποφάσεις αναμένονται μετά την επιστροφήν του πρωθυπουργού. Εν τω μεταξύ αι επαφαί συνεχίζονται εις το υπουργείον, όπου εγένετο χθες νέα σύσκεψις υπό την προεδρίαν του αρμοδίου υπουργού. Ανεκοινώθη επισήμως ότι τα μέτρα θα τεθούν εις εφαρμογήν από της αρχής του νέου έτους, μετά την ψήφισιν του σχετικού νομοσχεδίου υπό της Βουλής. Κατά τας πληροφορίας μας, αι συζητήσεις διεξάγονται εν ατμοσφαίρα πλήρους συνεννοήσεως και αναμένεται ευνοϊκή λύσις.

Ο ΠΡΟΕΔΡΟΣ ΜΑΚΑΡΙΟΣ ΕΙΔΟΠΟΙΗΣΕ ΤΟΝ ΚΙΟΥΤΣΟΥΚ ΠΕΡΙ ΤΗΣ ΠΡΟΘΕΣΕΩΣ ΤΟΥ ΟΠΩΣ ΤΡΟΠΟΠΟΙΗΣΗ ΤΟ ΙΣΧΥΟΝ ΣΗΜΕΡΟΝ ΕΙΣ ΤΗΝ ΜΕΓΑΛΟΝΗΣΟΝ ΣΥΝΤΑΓΜΑ

ΛΕΥΚΩΣΙΑ, 6. (Ρόυτερ). ΑΘΗΝΑΙ, 6.— Κατά πληροφορίας προερχομένας εκ της κυβερνήσεως, εξετάζεται σήμερον το ζήτημα μετά των αρμοδίων υπουργών. Αι διαπραγματεύσεις συνεχίζονται και αναμένεται όπως ληφθούν αι τελικαί αποφάσεις εντός των προσεχών ημερών. Ο αρμόδιος υπουργός εδήλωσεν ότι η κυβέρνησις θα εξετάση όλα τα προβλήματα με πνεύμα κατανοήσεως. Εις τας συσκέψεις μετέσχον οι εκπρόσωποι των οργανώσεων, οι οποίοι υπέβαλον τας απόψεις των. Τα σχετικά μέτρα θα ανακοινωθούν προσεχώς. Ως γνωστόν, το θέμα απασχολεί από καιρού την κοινήν γνώμην και αι αρμόδιαι υπηρεσίαι μελετούν τας λεπτομερείας. Αι αποφάσεις αναμένονται μετά την επιστροφήν του πρωθυπουργού. Εν τω μεταξύ αι επαφαί συνεχίζονται εις το υπουργείον, όπου εγένετο χθες νέα σύσκεψις υπό την προεδρίαν του αρμοδίου υπουργού. Ανεκοινώθη επισήμως ότι τα μέτρα θα τεθούν εις εφαρμογήν από της αρχής του νέου έτους, μετά την ψήφισιν του σχετικού νομοσχεδίου υπό της Βουλής. Κατά τας πληροφορίας μας, αι συζητήσεις διεξάγονται εν ατμοσφαίρα πλήρους συνεννοήσεως και αναμένεται ευνοϊκή λύσις. ΑΘΗΝΑΙ, 6.— Κατά πληροφορίας προερχομένας εκ της κυβερνήσεως, εξετάζεται σήμερον το ζήτημα μετά των αρμοδίων υπουργών. Αι διαπραγματεύσεις συνεχίζονται και αναμένεται όπως ληφθούν αι τελικαί αποφάσεις εντός των προσεχών ημερών. Ο αρμόδιος υπουργός εδήλωσεν ότι η κυβέρνησις θα εξετάση όλα τα προβλήματα με πνεύμα κατανοήσεως. Εις τας συσκέψεις μετέσχον οι εκπρόσωποι των οργανώσεων, οι οποίοι υπέβαλον τας απόψεις των. Τα σχετικά μέτρα θα ανακοινωθούν προσεχώς. Ως γνωστόν, το θέμα απασχολεί από καιρού την κοινήν γνώμην και αι αρμόδιαι υπηρεσίαι μελετούν τας λεπτομερείας. Αι αποφάσεις αναμένονται μετά την επιστροφήν του πρωθυπουργού. Εν τω μεταξύ αι επαφαί συνεχίζονται εις το υπουργείον, όπου εγένετο χθες νέα σύσκεψις υπό την προεδρίαν του αρμοδίου υπουργού. Ανεκοινώθη επισήμως ότι τα μέτρα θα τεθούν εις εφαρμογήν από της αρχής του νέου έτους, μετά την ψήφισιν του σχετικού νομοσχεδίου υπό της Βουλής. Κατά τας πληροφορίας μας, αι συζητήσεις διεξάγονται εν ατμοσφαίρα πλήρους συνεννοήσεως και αναμένεται ευνοϊκή λύσις.

ΚΕΚΛΕΙΣΜΕΝΩΝ ΤΩΝ ΘΥΡΩΝ ΘΑ ΣΥΣΚΕΦΘΟΥΝ ΟΙ ΑΡΑΒΕΣ ΑΡΧΗΓΟΙ ΤΩΝ ΕΠΙΤΕΛΕΙΩΝ ΔΙΑ ΤΟ ΘΕΜΑ ΜΕΤΑΣΤΡΟΦΗΣ ΤΟΥ ΙΟΡΔΑΝΟΥ

ΚΑΪΡΟΝ, 6. (Ρόυτερ). ΑΘΗΝΑΙ, 6.— Κατά πληροφορίας προερχομένας εκ της κυβερνήσεως, εξετάζεται σήμερον το ζήτημα μετά των αρμοδίων υπουργών. Αι διαπραγματεύσεις συνεχίζονται και αναμένεται όπως ληφθούν αι τελικαί αποφάσεις εντός των προσεχών ημερών. Ο αρμόδιος υπουργός εδήλωσεν ότι η κυβέρνησις θα εξετάση όλα τα προβλήματα με πνεύμα κατανοήσεως. Εις τας συσκέψεις μετέσχον οι εκπρόσωποι των οργανώσεων, οι οποίοι υπέβαλον τας απόψεις των. Τα σχετικά μέτρα θα ανακοινωθούν προσεχώς. Ως γνωστόν, το θέμα απασχολεί από καιρού την κοινήν γνώμην και αι αρμόδιαι υπηρεσίαι μελετούν τας λεπτομερείας. Αι αποφάσεις αναμένονται μετά την επιστροφήν του πρωθυπουργού. Εν τω μεταξύ αι επαφαί συνεχίζονται εις το υπουργείον, όπου εγένετο χθες νέα σύσκεψις υπό την προεδρίαν του αρμοδίου υπουργού. Ανεκοινώθη επισήμως ότι τα μέτρα θα τεθούν εις εφαρμογήν από της αρχής του νέου έτους, μετά την ψήφισιν του σχετικού νομοσχεδίου υπό της Βουλής. Κατά τας πληροφορίας μας, αι συζητήσεις διεξάγονται εν ατμοσφαίρα πλήρους συνεννοήσεως και αναμένεται ευνοϊκή λύσις. ΑΘΗΝΑΙ, 6.— Κατά πληροφορίας προερχομένας εκ της κυβερνήσεως, εξετάζεται σήμερον το ζήτημα μετά των αρμοδίων υπουργών. Αι διαπραγματεύσεις συνεχίζονται και αναμένεται όπως ληφθούν αι τελικαί αποφάσεις εντός των προσεχών ημερών. Ο αρμόδιος υπουργός εδήλωσεν ότι η κυβέρνησις θα εξετάση όλα τα προβλήματα με πνεύμα κατανοήσεως. Εις τας συσκέψεις μετέσχον οι εκπρόσωποι των οργανώσεων, οι οποίοι υπέβαλον τας απόψεις των. Τα σχετικά μέτρα θα ανακοινωθούν προσεχώς. Ως γνωστόν, το θέμα απασχολεί από καιρού την κοινήν γνώμην και αι αρμόδιαι υπηρεσίαι μελετούν τας λεπτομερείας. Αι αποφάσεις αναμένονται μετά την επιστροφήν του πρωθυπουργού. Εν τω μεταξύ αι επαφαί συνεχίζονται εις το υπουργείον, όπου εγένετο χθες νέα σύσκεψις υπό την προεδρίαν του αρμοδίου υπουργού. Ανεκοινώθη επισήμως ότι τα μέτρα θα τεθούν εις εφαρμογήν από της αρχής του νέου έτους, μετά την ψήφισιν του σχετικού νομοσχεδίου υπό της Βουλής. Κατά τας πληροφορίας μας, αι συζητήσεις διεξάγονται εν ατμοσφαίρα πλήρους συνεννοήσεως και αναμένεται ευνοϊκή λύσις.

Η Κ. ΚΕΝΝΕΝΤΥ ΑΝΕΧΩΡΗΣΕΝ ΕΚ ΤΟΥ ΛΕΥΚΟΥ ΟΙΚΟΥ ΕΓΚΑΤΑΣΤΑΘΕΙΣΑ ΕΙΣ ΤΗΝ ΟΙΚΙΑΝ ΤΟΥ Κ. ΧΑΡΡΙΜΑΝ

ΟΥΑΣΙΓΚΤΩΝ, 6. (Ἀσσ. Πρές). ΑΘΗΝΑΙ, 6.— Κατά πληροφορίας προερχομένας εκ της κυβερνήσεως, εξετάζεται σήμερον το ζήτημα μετά των αρμοδίων υπουργών. Αι διαπραγματεύσεις συνεχίζονται και αναμένεται όπως ληφθούν αι τελικαί αποφάσεις εντός των προσεχών ημερών. Ο αρμόδιος υπουργός εδήλωσεν ότι η κυβέρνησις θα εξετάση όλα τα προβλήματα με πνεύμα κατανοήσεως. Εις τας συσκέψεις μετέσχον οι εκπρόσωποι των οργανώσεων, οι οποίοι υπέβαλον τας απόψεις των. Τα σχετικά μέτρα θα ανακοινωθούν προσεχώς. Ως γνωστόν, το θέμα απασχολεί από καιρού την κοινήν γνώμην και αι αρμόδιαι υπηρεσίαι μελετούν τας λεπτομερείας. Αι αποφάσεις αναμένονται μετά την επιστροφήν του πρωθυπουργού. Εν τω μεταξύ αι επαφαί συνεχίζονται εις το υπουργείον, όπου εγένετο χθες νέα σύσκεψις υπό την προεδρίαν του αρμοδίου υπουργού. Ανεκοινώθη επισήμως ότι τα μέτρα θα τεθούν εις εφαρμογήν από της αρχής του νέου έτους, μετά την ψήφισιν του σχετικού νομοσχεδίου υπό της Βουλής. Κατά τας πληροφορίας μας, αι συζητήσεις διεξάγονται εν ατμοσφαίρα πλήρους συνεννοήσεως και αναμένεται ευνοϊκή λύσις. ΑΘΗΝΑΙ, 6.— Κατά πληροφορίας προερχομένας εκ της κυβερνήσεως, εξετάζεται σήμερον το ζήτημα μετά των αρμοδίων υπουργών. Αι διαπραγματεύσεις συνεχίζονται και αναμένεται όπως ληφθούν αι τελικαί αποφάσεις εντός των προσεχών ημερών. Ο αρμόδιος υπουργός εδήλωσεν ότι η κυβέρνησις θα εξετάση όλα τα προβλήματα με πνεύμα κατανοήσεως. Εις τας συσκέψεις μετέσχον οι εκπρόσωποι των οργανώσεων, οι οποίοι υπέβαλον τας απόψεις των. Τα σχετικά μέτρα θα ανακοινωθούν προσεχώς. Ως γνωστόν, το θέμα απασχολεί από καιρού την κοινήν γνώμην και αι αρμόδιαι υπηρεσίαι μελετούν τας λεπτομερείας. Αι αποφάσεις αναμένονται μετά την επιστροφήν του πρωθυπουργού. Εν τω μεταξύ αι επαφαί συνεχίζονται εις το υπουργείον, όπου εγένετο χθες νέα σύσκεψις υπό την προεδρίαν του αρμοδίου υπουργού. Ανεκοινώθη επισήμως ότι τα μέτρα θα τεθούν εις εφαρμογήν από της αρχής του νέου έτους, μετά την ψήφισιν του σχετικού νομοσχεδίου υπό της Βουλής. Κατά τας πληροφορίας μας, αι συζητήσεις διεξάγονται εν ατμοσφαίρα πλήρους συνεννοήσεως και αναμένεται ευνοϊκή λύσις.

ΕΠΙΛΕΓΕΤΑΙ ΣΗΜΕΡΟΝ ΜΙΑ ΟΔΟΣ Ή ΠΛΑΤΕΙΑ ΔΙΑ ΝΑ ΛΑΒΗ ΤΟ ΟΝΟΜΑ ΤΟΥ ΚΕΝΝΕΝΤΥ

ΑΘΗΝΑΙ, 6.— Κατά πληροφορίας προερχομένας εκ της κυβερνήσεως, εξετάζεται σήμερον το ζήτημα μετά των αρμοδίων υπουργών. Αι διαπραγματεύσεις συνεχίζονται και αναμένεται όπως ληφθούν αι τελικαί αποφάσεις εντός των προσεχών ημερών. Ο αρμόδιος υπουργός εδήλωσεν ότι η κυβέρνησις θα εξετάση όλα τα προβλήματα με πνεύμα κατανοήσεως. Εις τας συσκέψεις μετέσχον οι εκπρόσωποι των οργανώσεων, οι οποίοι υπέβαλον τας απόψεις των. Τα σχετικά μέτρα θα ανακοινωθούν προσεχώς. Ως γνωστόν, το θέμα απασχολεί από καιρού την κοινήν γνώμην και αι αρμόδιαι υπηρεσίαι μελετούν τας λεπτομερείας. Αι αποφάσεις αναμένονται μετά την επιστροφήν του πρωθυπουργού. Εν τω μεταξύ αι επαφαί συνεχίζονται εις το υπουργείον, όπου εγένετο χθες νέα σύσκεψις υπό την προεδρίαν του αρμοδίου υπουργού. Ανεκοινώθη επισήμως ότι τα μέτρα θα τεθούν εις εφαρμογήν από της αρχής του νέου έτους, μετά την ψήφισιν του σχετικού νομοσχεδίου υπό της Βουλής. Κατά τας πληροφορίας μας, αι συζητήσεις διεξάγονται εν ατμοσφαίρα πλήρους συνεννοήσεως και αναμένεται ευνοϊκή λύσις. ΑΘΗΝΑΙ, 6.— Κατά πληροφορίας προερχομένας εκ της κυβερνήσεως, εξετάζεται σήμερον το ζήτημα μετά των αρμοδίων υπουργών. Αι διαπραγματεύσεις συνεχίζονται και αναμένεται όπως ληφθούν αι τελικαί αποφάσεις εντός των προσεχών ημερών. Ο αρμόδιος υπουργός εδήλωσεν ότι η κυβέρνησις θα εξετάση όλα τα προβλήματα με πνεύμα κατανοήσεως. Εις τας συσκέψεις μετέσχον οι εκπρόσωποι των οργανώσεων, οι οποίοι υπέβαλον τας απόψεις των. Τα σχετικά μέτρα θα ανακοινωθούν προσεχώς. Ως γνωστόν, το θέμα απασχολεί από καιρού την κοινήν γνώμην και αι αρμόδιαι υπηρεσίαι μελετούν τας λεπτομερείας. Αι αποφάσεις αναμένονται μετά την επιστροφήν του πρωθυπουργού. Εν τω μεταξύ αι επαφαί συνεχίζονται εις το υπουργείον, όπου εγένετο χθες νέα σύσκεψις υπό την προεδρίαν του αρμοδίου υπουργού. Ανεκοινώθη επισήμως ότι τα μέτρα θα τεθούν εις εφαρμογήν από της αρχής του νέου έτους, μετά την ψήφισιν του σχετικού νομοσχεδίου υπό της Βουλής. Κατά τας πληροφορίας μας, αι συζητήσεις διεξάγονται εν ατμοσφαίρα πλήρους συνεννοήσεως και αναμένεται ευνοϊκή λύσις.

Η Ε.Ρ.Ε. ΦΟΒΕΙΤΑΙ ΤΗΝ ΔΙΑΛΕΥΚΑΝΣΙΝ ΤΟΥ ΕΓΚΛΗΜΑΤΟΣ ΤΗΣ ΘΕΣΣΑΛΟΝΙΚΗΣ ΚΑΙ ΑΓΩΝΙΑ ΔΙΑ ΤΗΝ ΤΥΧΗΝ ΤΩΝ ΕΝΟΧΩΝ
ΤΗΝ ΣΥΝΤΑΡΑΣΣΕΙ ΚΑΙ Η ΣΥΝΘΗΣΙΣ ΕΠΙΘΕΩΡΗΣΙΣ ΤΩΝ ΔΙΚΑΣΤΙΚΩΝ ΥΠΗΡΕΣΙΩΝ Η ΔΙΕΣΚΕΥΑΣΜΕΝΗ ΥΠΟ ΤΟΥ Κ. ΦΛΩΡΟΥ

ΑΘΗΝΑΙ, 6.— ΑΘΗΝΑΙ, 6.— Κατά πληροφορίας προερχομένας εκ της κυβερνήσεως, εξετάζεται σήμερον το ζήτημα μετά των αρμοδίων υπουργών. Αι διαπραγματεύσεις συνεχίζονται και αναμένεται όπως ληφθούν αι τελικαί αποφάσεις εντός των προσεχών ημερών. Ο αρμόδιος υπουργός εδήλωσεν ότι η κυβέρνησις θα εξετάση όλα τα προβλήματα με πνεύμα κατανοήσεως. Εις τας συσκέψεις μετέσχον οι εκπρόσωποι των οργανώσεων, οι οποίοι υπέβαλον τας απόψεις των. Τα σχετικά μέτρα θα ανακοινωθούν προσεχώς. Ως γνωστόν, το θέμα απασχολεί από καιρού την κοινήν γνώμην και αι αρμόδιαι υπηρεσίαι μελετούν τας λεπτομερείας. Αι αποφάσεις αναμένονται μετά την επιστροφήν του πρωθυπουργού. Εν τω μεταξύ αι επαφαί συνεχίζονται εις το υπουργείον, όπου εγένετο χθες νέα σύσκεψις υπό την προεδρίαν του αρμοδίου υπουργού. Ανεκοινώθη επισήμως ότι τα μέτρα θα τεθούν εις εφαρμογήν από της αρχής του νέου έτους, μετά την ψήφισιν του σχετικού νομοσχεδίου υπό της Βουλής. Κατά τας πληροφορίας μας, αι συζητήσεις διεξάγονται εν ατμοσφαίρα πλήρους συνεννοήσεως και αναμένεται ευνοϊκή λύσις. ΑΘΗΝΑΙ, 6.— Κατά πληροφορίας προερχομένας εκ της κυβερνήσεως, εξετάζεται σήμερον το ζήτημα μετά των αρμοδίων υπουργών. Αι διαπραγματεύσεις συνεχίζονται και αναμένεται όπως ληφθούν αι τελικαί αποφάσεις εντός των προσεχών ημερών. Ο αρμόδιος υπουργός εδήλωσεν ότι η κυβέρνησις θα εξετάση όλα τα προβλήματα με πνεύμα κατανοήσεως. Εις τας συσκέψεις μετέσχον οι εκπρόσωποι των οργανώσεων, οι οποίοι υπέβαλον τας απόψεις των. Τα σχετικά μέτρα θα ανακοινωθούν προσεχώς. Ως γνωστόν, το θέμα απασχολεί από καιρού την κοινήν γνώμην και αι αρμόδιαι υπηρεσίαι μελετούν τας λεπτομερείας. Αι αποφάσεις αναμένονται μετά την επιστροφήν του πρωθυπουργού. Εν τω μεταξύ αι επαφαί συνεχίζονται εις το υπουργείον, όπου εγένετο χθες νέα σύσκεψις υπό την προεδρίαν του αρμοδίου υπουργού. Ανεκοινώθη επισήμως ότι τα μέτρα θα τεθούν εις εφαρμογήν από της αρχής του νέου έτους, μετά την ψήφισιν του σχετικού νομοσχεδίου υπό της Βουλής. Κατά τας πληροφορίας μας, αι συζητήσεις διεξάγονται εν ατμοσφαίρα πλήρους συνεννοήσεως και αναμένεται ευνοϊκή λύσις.
